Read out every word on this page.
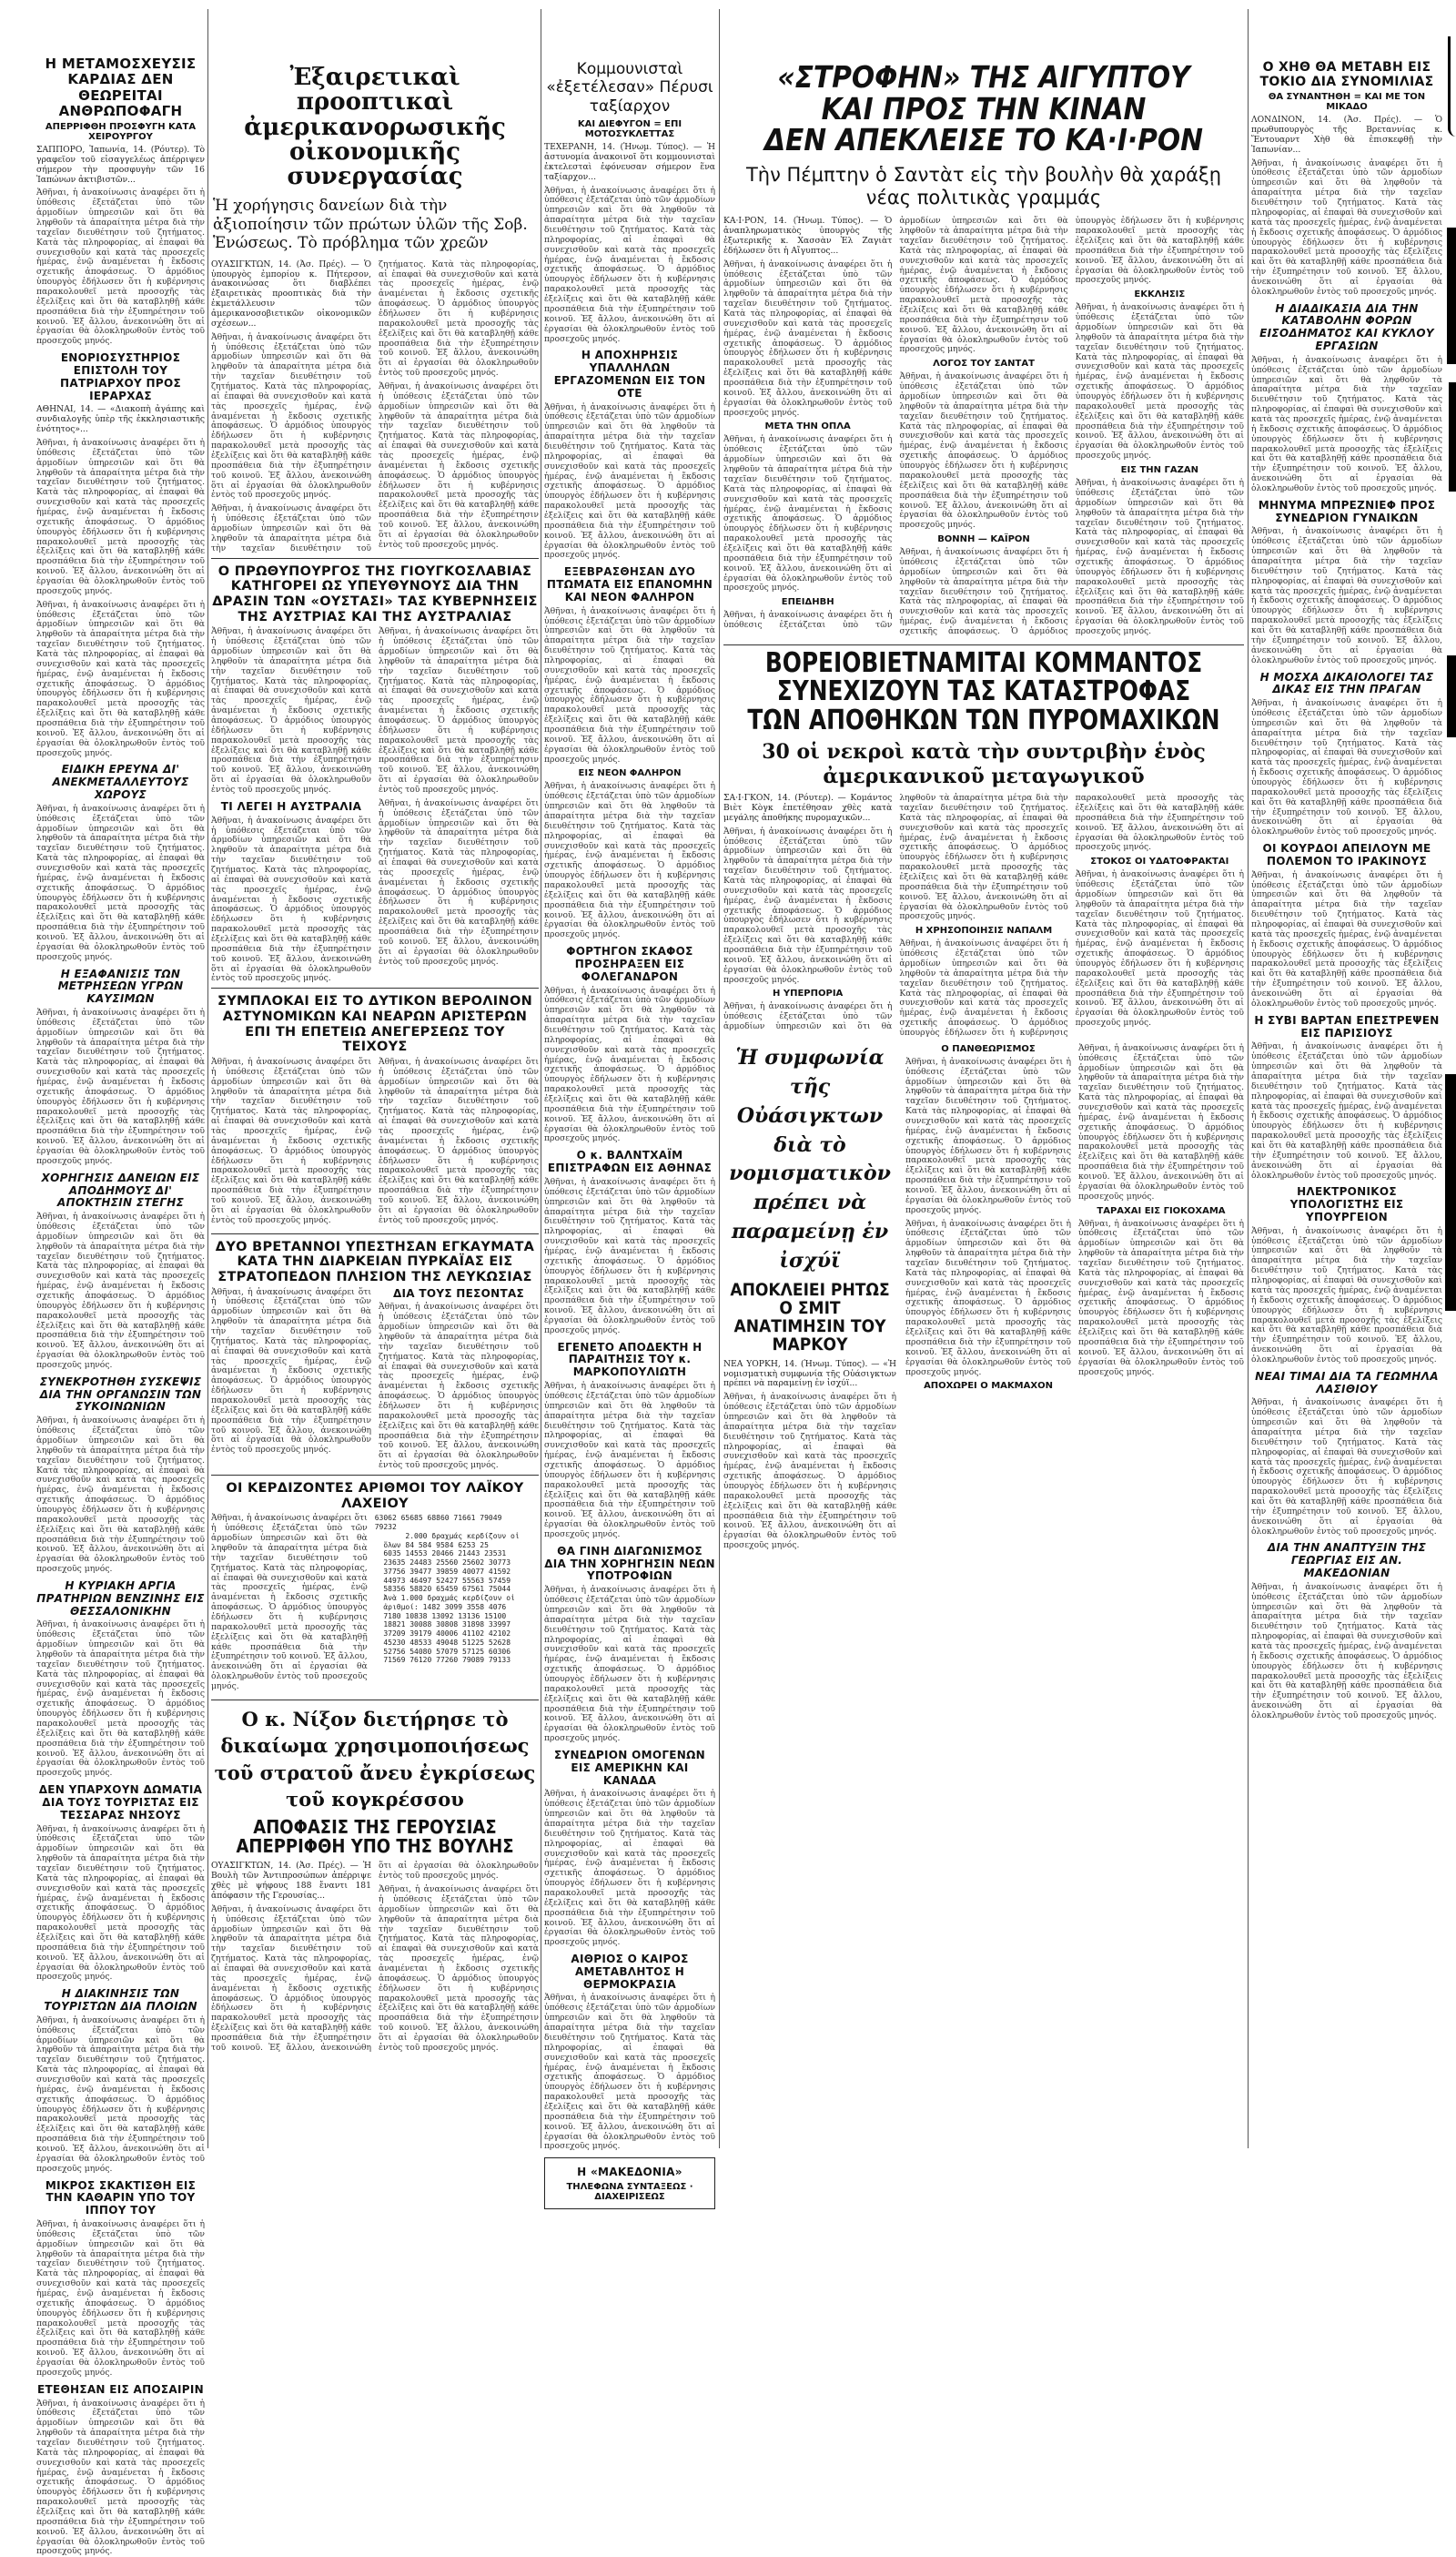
Η ΜΕΤΑΜΟΣΧΕΥΣΙΣ ΚΑΡΔΙΑΣ ΔΕΝ ΘΕΩΡΕΙΤΑΙ ΑΝΘΡΩΠΟΦΑΓΗ
ΑΠΕΡΡΙΦΘΗ ΠΡΟΣΦΥΓΗ ΚΑΤΑ ΧΕΙΡΟΥΡΓΟΥ

ΣΑΠΠΟΡΟ, Ἰαπωνία, 14. (Ρόυτερ). Τὸ γραφεῖον τοῦ εἰσαγγελέως ἀπέρριψεν σήμερον τὴν προσφυγὴν τῶν 16 Ἰαπώνων ἀκτιβιστῶν...

Ἀθῆναι, ἡ ἀνακοίνωσις ἀναφέρει ὅτι ἡ ὑπόθεσις ἐξετάζεται ὑπὸ τῶν ἁρμοδίων ὑπηρεσιῶν καὶ ὅτι θὰ ληφθοῦν τὰ ἀπαραίτητα μέτρα διὰ τὴν ταχεῖαν διευθέτησιν τοῦ ζητήματος. Κατὰ τὰς πληροφορίας, αἱ ἐπαφαὶ θὰ συνεχισθοῦν καὶ κατὰ τὰς προσεχεῖς ἡμέρας, ἐνῷ ἀναμένεται ἡ ἔκδοσις σχετικῆς ἀποφάσεως. Ὁ ἁρμόδιος ὑπουργὸς ἐδήλωσεν ὅτι ἡ κυβέρνησις παρακολουθεῖ μετὰ προσοχῆς τὰς ἐξελίξεις καὶ ὅτι θὰ καταβληθῇ κάθε προσπάθεια διὰ τὴν ἐξυπηρέτησιν τοῦ κοινοῦ. Ἐξ ἄλλου, ἀνεκοινώθη ὅτι αἱ ἐργασίαι θὰ ὁλοκληρωθοῦν ἐντὸς τοῦ προσεχοῦς μηνός.

ΕΝΟΡΙΟΣΥΣΤΗΡΙΟΣ ΕΠΙΣΤΟΛΗ ΤΟΥ ΠΑΤΡΙΑΡΧΟΥ ΠΡΟΣ ΙΕΡΑΡΧΑΣ

ΑΘΗΝΑΙ, 14. — «Διακοπὴ ἀγάπης καὶ συνδιαλογῆς ὑπὲρ τῆς ἐκκλησιαστικῆς ἐνότητος»...

Ἀθῆναι, ἡ ἀνακοίνωσις ἀναφέρει ὅτι ἡ ὑπόθεσις ἐξετάζεται ὑπὸ τῶν ἁρμοδίων ὑπηρεσιῶν καὶ ὅτι θὰ ληφθοῦν τὰ ἀπαραίτητα μέτρα διὰ τὴν ταχεῖαν διευθέτησιν τοῦ ζητήματος. Κατὰ τὰς πληροφορίας, αἱ ἐπαφαὶ θὰ συνεχισθοῦν καὶ κατὰ τὰς προσεχεῖς ἡμέρας, ἐνῷ ἀναμένεται ἡ ἔκδοσις σχετικῆς ἀποφάσεως. Ὁ ἁρμόδιος ὑπουργὸς ἐδήλωσεν ὅτι ἡ κυβέρνησις παρακολουθεῖ μετὰ προσοχῆς τὰς ἐξελίξεις καὶ ὅτι θὰ καταβληθῇ κάθε προσπάθεια διὰ τὴν ἐξυπηρέτησιν τοῦ κοινοῦ. Ἐξ ἄλλου, ἀνεκοινώθη ὅτι αἱ ἐργασίαι θὰ ὁλοκληρωθοῦν ἐντὸς τοῦ προσεχοῦς μηνός.

Ἀθῆναι, ἡ ἀνακοίνωσις ἀναφέρει ὅτι ἡ ὑπόθεσις ἐξετάζεται ὑπὸ τῶν ἁρμοδίων ὑπηρεσιῶν καὶ ὅτι θὰ ληφθοῦν τὰ ἀπαραίτητα μέτρα διὰ τὴν ταχεῖαν διευθέτησιν τοῦ ζητήματος. Κατὰ τὰς πληροφορίας, αἱ ἐπαφαὶ θὰ συνεχισθοῦν καὶ κατὰ τὰς προσεχεῖς ἡμέρας, ἐνῷ ἀναμένεται ἡ ἔκδοσις σχετικῆς ἀποφάσεως. Ὁ ἁρμόδιος ὑπουργὸς ἐδήλωσεν ὅτι ἡ κυβέρνησις παρακολουθεῖ μετὰ προσοχῆς τὰς ἐξελίξεις καὶ ὅτι θὰ καταβληθῇ κάθε προσπάθεια διὰ τὴν ἐξυπηρέτησιν τοῦ κοινοῦ. Ἐξ ἄλλου, ἀνεκοινώθη ὅτι αἱ ἐργασίαι θὰ ὁλοκληρωθοῦν ἐντὸς τοῦ προσεχοῦς μηνός.

ΕΙΔΙΚΗ ΕΡΕΥΝΑ ΔΙ' ΑΝΕΚΜΕΤΑΛΛΕΥΤΟΥΣ ΧΩΡΟΥΣ

Ἀθῆναι, ἡ ἀνακοίνωσις ἀναφέρει ὅτι ἡ ὑπόθεσις ἐξετάζεται ὑπὸ τῶν ἁρμοδίων ὑπηρεσιῶν καὶ ὅτι θὰ ληφθοῦν τὰ ἀπαραίτητα μέτρα διὰ τὴν ταχεῖαν διευθέτησιν τοῦ ζητήματος. Κατὰ τὰς πληροφορίας, αἱ ἐπαφαὶ θὰ συνεχισθοῦν καὶ κατὰ τὰς προσεχεῖς ἡμέρας, ἐνῷ ἀναμένεται ἡ ἔκδοσις σχετικῆς ἀποφάσεως. Ὁ ἁρμόδιος ὑπουργὸς ἐδήλωσεν ὅτι ἡ κυβέρνησις παρακολουθεῖ μετὰ προσοχῆς τὰς ἐξελίξεις καὶ ὅτι θὰ καταβληθῇ κάθε προσπάθεια διὰ τὴν ἐξυπηρέτησιν τοῦ κοινοῦ. Ἐξ ἄλλου, ἀνεκοινώθη ὅτι αἱ ἐργασίαι θὰ ὁλοκληρωθοῦν ἐντὸς τοῦ προσεχοῦς μηνός.

Η ΕΞΑΦΑΝΙΣΙΣ ΤΩΝ ΜΕΤΡΗΣΕΩΝ ΥΓΡΩΝ ΚΑΥΣΙΜΩΝ

Ἀθῆναι, ἡ ἀνακοίνωσις ἀναφέρει ὅτι ἡ ὑπόθεσις ἐξετάζεται ὑπὸ τῶν ἁρμοδίων ὑπηρεσιῶν καὶ ὅτι θὰ ληφθοῦν τὰ ἀπαραίτητα μέτρα διὰ τὴν ταχεῖαν διευθέτησιν τοῦ ζητήματος. Κατὰ τὰς πληροφορίας, αἱ ἐπαφαὶ θὰ συνεχισθοῦν καὶ κατὰ τὰς προσεχεῖς ἡμέρας, ἐνῷ ἀναμένεται ἡ ἔκδοσις σχετικῆς ἀποφάσεως. Ὁ ἁρμόδιος ὑπουργὸς ἐδήλωσεν ὅτι ἡ κυβέρνησις παρακολουθεῖ μετὰ προσοχῆς τὰς ἐξελίξεις καὶ ὅτι θὰ καταβληθῇ κάθε προσπάθεια διὰ τὴν ἐξυπηρέτησιν τοῦ κοινοῦ. Ἐξ ἄλλου, ἀνεκοινώθη ὅτι αἱ ἐργασίαι θὰ ὁλοκληρωθοῦν ἐντὸς τοῦ προσεχοῦς μηνός.

ΧΟΡΗΓΗΣΙΣ ΔΑΝΕΙΩΝ ΕΙΣ ΑΠΟΔΗΜΟΥΣ ΔΙ' ΑΠΟΚΤΗΣΙΝ ΣΤΕΓΗΣ

Ἀθῆναι, ἡ ἀνακοίνωσις ἀναφέρει ὅτι ἡ ὑπόθεσις ἐξετάζεται ὑπὸ τῶν ἁρμοδίων ὑπηρεσιῶν καὶ ὅτι θὰ ληφθοῦν τὰ ἀπαραίτητα μέτρα διὰ τὴν ταχεῖαν διευθέτησιν τοῦ ζητήματος. Κατὰ τὰς πληροφορίας, αἱ ἐπαφαὶ θὰ συνεχισθοῦν καὶ κατὰ τὰς προσεχεῖς ἡμέρας, ἐνῷ ἀναμένεται ἡ ἔκδοσις σχετικῆς ἀποφάσεως. Ὁ ἁρμόδιος ὑπουργὸς ἐδήλωσεν ὅτι ἡ κυβέρνησις παρακολουθεῖ μετὰ προσοχῆς τὰς ἐξελίξεις καὶ ὅτι θὰ καταβληθῇ κάθε προσπάθεια διὰ τὴν ἐξυπηρέτησιν τοῦ κοινοῦ. Ἐξ ἄλλου, ἀνεκοινώθη ὅτι αἱ ἐργασίαι θὰ ὁλοκληρωθοῦν ἐντὸς τοῦ προσεχοῦς μηνός.

ΣΥΝΕΚΡΟΤΗΘΗ ΣΥΣΚΕΨΙΣ ΔΙΑ ΤΗΝ ΟΡΓΑΝΩΣΙΝ ΤΩΝ ΣΥΚΟΙΝΩΝΙΩΝ

Ἀθῆναι, ἡ ἀνακοίνωσις ἀναφέρει ὅτι ἡ ὑπόθεσις ἐξετάζεται ὑπὸ τῶν ἁρμοδίων ὑπηρεσιῶν καὶ ὅτι θὰ ληφθοῦν τὰ ἀπαραίτητα μέτρα διὰ τὴν ταχεῖαν διευθέτησιν τοῦ ζητήματος. Κατὰ τὰς πληροφορίας, αἱ ἐπαφαὶ θὰ συνεχισθοῦν καὶ κατὰ τὰς προσεχεῖς ἡμέρας, ἐνῷ ἀναμένεται ἡ ἔκδοσις σχετικῆς ἀποφάσεως. Ὁ ἁρμόδιος ὑπουργὸς ἐδήλωσεν ὅτι ἡ κυβέρνησις παρακολουθεῖ μετὰ προσοχῆς τὰς ἐξελίξεις καὶ ὅτι θὰ καταβληθῇ κάθε προσπάθεια διὰ τὴν ἐξυπηρέτησιν τοῦ κοινοῦ. Ἐξ ἄλλου, ἀνεκοινώθη ὅτι αἱ ἐργασίαι θὰ ὁλοκληρωθοῦν ἐντὸς τοῦ προσεχοῦς μηνός.

Η ΚΥΡΙΑΚΗ ΑΡΓΙΑ ΠΡΑΤΗΡΙΩΝ ΒΕΝΖΙΝΗΣ ΕΙΣ ΘΕΣΣΑΛΟΝΙΚΗΝ

Ἀθῆναι, ἡ ἀνακοίνωσις ἀναφέρει ὅτι ἡ ὑπόθεσις ἐξετάζεται ὑπὸ τῶν ἁρμοδίων ὑπηρεσιῶν καὶ ὅτι θὰ ληφθοῦν τὰ ἀπαραίτητα μέτρα διὰ τὴν ταχεῖαν διευθέτησιν τοῦ ζητήματος. Κατὰ τὰς πληροφορίας, αἱ ἐπαφαὶ θὰ συνεχισθοῦν καὶ κατὰ τὰς προσεχεῖς ἡμέρας, ἐνῷ ἀναμένεται ἡ ἔκδοσις σχετικῆς ἀποφάσεως. Ὁ ἁρμόδιος ὑπουργὸς ἐδήλωσεν ὅτι ἡ κυβέρνησις παρακολουθεῖ μετὰ προσοχῆς τὰς ἐξελίξεις καὶ ὅτι θὰ καταβληθῇ κάθε προσπάθεια διὰ τὴν ἐξυπηρέτησιν τοῦ κοινοῦ. Ἐξ ἄλλου, ἀνεκοινώθη ὅτι αἱ ἐργασίαι θὰ ὁλοκληρωθοῦν ἐντὸς τοῦ προσεχοῦς μηνός.

ΔΕΝ ΥΠΑΡΧΟΥΝ ΔΩΜΑΤΙΑ ΔΙΑ ΤΟΥΣ ΤΟΥΡΙΣΤΑΣ ΕΙΣ ΤΕΣΣΑΡΑΣ ΝΗΣΟΥΣ

Ἀθῆναι, ἡ ἀνακοίνωσις ἀναφέρει ὅτι ἡ ὑπόθεσις ἐξετάζεται ὑπὸ τῶν ἁρμοδίων ὑπηρεσιῶν καὶ ὅτι θὰ ληφθοῦν τὰ ἀπαραίτητα μέτρα διὰ τὴν ταχεῖαν διευθέτησιν τοῦ ζητήματος. Κατὰ τὰς πληροφορίας, αἱ ἐπαφαὶ θὰ συνεχισθοῦν καὶ κατὰ τὰς προσεχεῖς ἡμέρας, ἐνῷ ἀναμένεται ἡ ἔκδοσις σχετικῆς ἀποφάσεως. Ὁ ἁρμόδιος ὑπουργὸς ἐδήλωσεν ὅτι ἡ κυβέρνησις παρακολουθεῖ μετὰ προσοχῆς τὰς ἐξελίξεις καὶ ὅτι θὰ καταβληθῇ κάθε προσπάθεια διὰ τὴν ἐξυπηρέτησιν τοῦ κοινοῦ. Ἐξ ἄλλου, ἀνεκοινώθη ὅτι αἱ ἐργασίαι θὰ ὁλοκληρωθοῦν ἐντὸς τοῦ προσεχοῦς μηνός.

Η ΔΙΑΚΙΝΗΣΙΣ ΤΩΝ ΤΟΥΡΙΣΤΩΝ ΔΙΑ ΠΛΟΙΩΝ

Ἀθῆναι, ἡ ἀνακοίνωσις ἀναφέρει ὅτι ἡ ὑπόθεσις ἐξετάζεται ὑπὸ τῶν ἁρμοδίων ὑπηρεσιῶν καὶ ὅτι θὰ ληφθοῦν τὰ ἀπαραίτητα μέτρα διὰ τὴν ταχεῖαν διευθέτησιν τοῦ ζητήματος. Κατὰ τὰς πληροφορίας, αἱ ἐπαφαὶ θὰ συνεχισθοῦν καὶ κατὰ τὰς προσεχεῖς ἡμέρας, ἐνῷ ἀναμένεται ἡ ἔκδοσις σχετικῆς ἀποφάσεως. Ὁ ἁρμόδιος ὑπουργὸς ἐδήλωσεν ὅτι ἡ κυβέρνησις παρακολουθεῖ μετὰ προσοχῆς τὰς ἐξελίξεις καὶ ὅτι θὰ καταβληθῇ κάθε προσπάθεια διὰ τὴν ἐξυπηρέτησιν τοῦ κοινοῦ. Ἐξ ἄλλου, ἀνεκοινώθη ὅτι αἱ ἐργασίαι θὰ ὁλοκληρωθοῦν ἐντὸς τοῦ προσεχοῦς μηνός.

ΜΙΚΡΟΣ ΣΚΑΚΤΙΣΘΗ ΕΙΣ ΤΗΝ ΚΑΘΑΡΙΝ ΥΠΟ ΤΟΥ ΙΠΠΟΥ ΤΟΥ

Ἀθῆναι, ἡ ἀνακοίνωσις ἀναφέρει ὅτι ἡ ὑπόθεσις ἐξετάζεται ὑπὸ τῶν ἁρμοδίων ὑπηρεσιῶν καὶ ὅτι θὰ ληφθοῦν τὰ ἀπαραίτητα μέτρα διὰ τὴν ταχεῖαν διευθέτησιν τοῦ ζητήματος. Κατὰ τὰς πληροφορίας, αἱ ἐπαφαὶ θὰ συνεχισθοῦν καὶ κατὰ τὰς προσεχεῖς ἡμέρας, ἐνῷ ἀναμένεται ἡ ἔκδοσις σχετικῆς ἀποφάσεως. Ὁ ἁρμόδιος ὑπουργὸς ἐδήλωσεν ὅτι ἡ κυβέρνησις παρακολουθεῖ μετὰ προσοχῆς τὰς ἐξελίξεις καὶ ὅτι θὰ καταβληθῇ κάθε προσπάθεια διὰ τὴν ἐξυπηρέτησιν τοῦ κοινοῦ. Ἐξ ἄλλου, ἀνεκοινώθη ὅτι αἱ ἐργασίαι θὰ ὁλοκληρωθοῦν ἐντὸς τοῦ προσεχοῦς μηνός.

ΕΤΕΘΗΣΑΝ ΕΙΣ ΑΠΟΣΑΙΡΙΝ

Ἀθῆναι, ἡ ἀνακοίνωσις ἀναφέρει ὅτι ἡ ὑπόθεσις ἐξετάζεται ὑπὸ τῶν ἁρμοδίων ὑπηρεσιῶν καὶ ὅτι θὰ ληφθοῦν τὰ ἀπαραίτητα μέτρα διὰ τὴν ταχεῖαν διευθέτησιν τοῦ ζητήματος. Κατὰ τὰς πληροφορίας, αἱ ἐπαφαὶ θὰ συνεχισθοῦν καὶ κατὰ τὰς προσεχεῖς ἡμέρας, ἐνῷ ἀναμένεται ἡ ἔκδοσις σχετικῆς ἀποφάσεως. Ὁ ἁρμόδιος ὑπουργὸς ἐδήλωσεν ὅτι ἡ κυβέρνησις παρακολουθεῖ μετὰ προσοχῆς τὰς ἐξελίξεις καὶ ὅτι θὰ καταβληθῇ κάθε προσπάθεια διὰ τὴν ἐξυπηρέτησιν τοῦ κοινοῦ. Ἐξ ἄλλου, ἀνεκοινώθη ὅτι αἱ ἐργασίαι θὰ ὁλοκληρωθοῦν ἐντὸς τοῦ προσεχοῦς μηνός.

Ἐξαιρετικαὶ προοπτικαὶ ἀμερικανορωσικῆς οἰκονομικῆς συνεργασίας
Ἡ χορήγησις δανείων διὰ τὴν ἀξιοποίησιν τῶν πρώτων ὑλῶν τῆς Σοβ. Ἑνώσεως. Τὸ πρόβλημα τῶν χρεῶν

ΟΥΑΣΙΓΚΤΩΝ, 14. (Ἀσ. Πρές). — Ὁ ὑπουργὸς ἐμπορίου κ. Πήτερσον, ἀνακοινώσας ὅτι διαβλέπει ἐξαιρετικὰς προοπτικὰς διὰ τὴν ἐκμετάλλευσιν τῶν ἀμερικανοσοβιετικῶν οἰκονομικῶν σχέσεων...

Ἀθῆναι, ἡ ἀνακοίνωσις ἀναφέρει ὅτι ἡ ὑπόθεσις ἐξετάζεται ὑπὸ τῶν ἁρμοδίων ὑπηρεσιῶν καὶ ὅτι θὰ ληφθοῦν τὰ ἀπαραίτητα μέτρα διὰ τὴν ταχεῖαν διευθέτησιν τοῦ ζητήματος. Κατὰ τὰς πληροφορίας, αἱ ἐπαφαὶ θὰ συνεχισθοῦν καὶ κατὰ τὰς προσεχεῖς ἡμέρας, ἐνῷ ἀναμένεται ἡ ἔκδοσις σχετικῆς ἀποφάσεως. Ὁ ἁρμόδιος ὑπουργὸς ἐδήλωσεν ὅτι ἡ κυβέρνησις παρακολουθεῖ μετὰ προσοχῆς τὰς ἐξελίξεις καὶ ὅτι θὰ καταβληθῇ κάθε προσπάθεια διὰ τὴν ἐξυπηρέτησιν τοῦ κοινοῦ. Ἐξ ἄλλου, ἀνεκοινώθη ὅτι αἱ ἐργασίαι θὰ ὁλοκληρωθοῦν ἐντὸς τοῦ προσεχοῦς μηνός.

Ἀθῆναι, ἡ ἀνακοίνωσις ἀναφέρει ὅτι ἡ ὑπόθεσις ἐξετάζεται ὑπὸ τῶν ἁρμοδίων ὑπηρεσιῶν καὶ ὅτι θὰ ληφθοῦν τὰ ἀπαραίτητα μέτρα διὰ τὴν ταχεῖαν διευθέτησιν τοῦ ζητήματος. Κατὰ τὰς πληροφορίας, αἱ ἐπαφαὶ θὰ συνεχισθοῦν καὶ κατὰ τὰς προσεχεῖς ἡμέρας, ἐνῷ ἀναμένεται ἡ ἔκδοσις σχετικῆς ἀποφάσεως. Ὁ ἁρμόδιος ὑπουργὸς ἐδήλωσεν ὅτι ἡ κυβέρνησις παρακολουθεῖ μετὰ προσοχῆς τὰς ἐξελίξεις καὶ ὅτι θὰ καταβληθῇ κάθε προσπάθεια διὰ τὴν ἐξυπηρέτησιν τοῦ κοινοῦ. Ἐξ ἄλλου, ἀνεκοινώθη ὅτι αἱ ἐργασίαι θὰ ὁλοκληρωθοῦν ἐντὸς τοῦ προσεχοῦς μηνός.

Ἀθῆναι, ἡ ἀνακοίνωσις ἀναφέρει ὅτι ἡ ὑπόθεσις ἐξετάζεται ὑπὸ τῶν ἁρμοδίων ὑπηρεσιῶν καὶ ὅτι θὰ ληφθοῦν τὰ ἀπαραίτητα μέτρα διὰ τὴν ταχεῖαν διευθέτησιν τοῦ ζητήματος. Κατὰ τὰς πληροφορίας, αἱ ἐπαφαὶ θὰ συνεχισθοῦν καὶ κατὰ τὰς προσεχεῖς ἡμέρας, ἐνῷ ἀναμένεται ἡ ἔκδοσις σχετικῆς ἀποφάσεως. Ὁ ἁρμόδιος ὑπουργὸς ἐδήλωσεν ὅτι ἡ κυβέρνησις παρακολουθεῖ μετὰ προσοχῆς τὰς ἐξελίξεις καὶ ὅτι θὰ καταβληθῇ κάθε προσπάθεια διὰ τὴν ἐξυπηρέτησιν τοῦ κοινοῦ. Ἐξ ἄλλου, ἀνεκοινώθη ὅτι αἱ ἐργασίαι θὰ ὁλοκληρωθοῦν ἐντὸς τοῦ προσεχοῦς μηνός.

Ο ΠΡΩΘΥΠΟΥΡΓΟΣ ΤΗΣ ΓΙΟΥΓΚΟΣΛΑΒΙΑΣ ΚΑΤΗΓΟΡΕΙ ΩΣ ΥΠΕΥΘΥΝΟΥΣ ΔΙΑ ΤΗΝ ΔΡΑΣΙΝ ΤΩΝ «ΟΥΣΤΑΣΙ» ΤΑΣ ΚΥΒΕΡΝΗΣΕΙΣ ΤΗΣ ΑΥΣΤΡΙΑΣ ΚΑΙ ΤΗΣ ΑΥΣΤΡΑΛΙΑΣ

Ἀθῆναι, ἡ ἀνακοίνωσις ἀναφέρει ὅτι ἡ ὑπόθεσις ἐξετάζεται ὑπὸ τῶν ἁρμοδίων ὑπηρεσιῶν καὶ ὅτι θὰ ληφθοῦν τὰ ἀπαραίτητα μέτρα διὰ τὴν ταχεῖαν διευθέτησιν τοῦ ζητήματος. Κατὰ τὰς πληροφορίας, αἱ ἐπαφαὶ θὰ συνεχισθοῦν καὶ κατὰ τὰς προσεχεῖς ἡμέρας, ἐνῷ ἀναμένεται ἡ ἔκδοσις σχετικῆς ἀποφάσεως. Ὁ ἁρμόδιος ὑπουργὸς ἐδήλωσεν ὅτι ἡ κυβέρνησις παρακολουθεῖ μετὰ προσοχῆς τὰς ἐξελίξεις καὶ ὅτι θὰ καταβληθῇ κάθε προσπάθεια διὰ τὴν ἐξυπηρέτησιν τοῦ κοινοῦ. Ἐξ ἄλλου, ἀνεκοινώθη ὅτι αἱ ἐργασίαι θὰ ὁλοκληρωθοῦν ἐντὸς τοῦ προσεχοῦς μηνός.

ΤΙ ΛΕΓΕΙ Η ΑΥΣΤΡΑΛΙΑ

Ἀθῆναι, ἡ ἀνακοίνωσις ἀναφέρει ὅτι ἡ ὑπόθεσις ἐξετάζεται ὑπὸ τῶν ἁρμοδίων ὑπηρεσιῶν καὶ ὅτι θὰ ληφθοῦν τὰ ἀπαραίτητα μέτρα διὰ τὴν ταχεῖαν διευθέτησιν τοῦ ζητήματος. Κατὰ τὰς πληροφορίας, αἱ ἐπαφαὶ θὰ συνεχισθοῦν καὶ κατὰ τὰς προσεχεῖς ἡμέρας, ἐνῷ ἀναμένεται ἡ ἔκδοσις σχετικῆς ἀποφάσεως. Ὁ ἁρμόδιος ὑπουργὸς ἐδήλωσεν ὅτι ἡ κυβέρνησις παρακολουθεῖ μετὰ προσοχῆς τὰς ἐξελίξεις καὶ ὅτι θὰ καταβληθῇ κάθε προσπάθεια διὰ τὴν ἐξυπηρέτησιν τοῦ κοινοῦ. Ἐξ ἄλλου, ἀνεκοινώθη ὅτι αἱ ἐργασίαι θὰ ὁλοκληρωθοῦν ἐντὸς τοῦ προσεχοῦς μηνός.

Ἀθῆναι, ἡ ἀνακοίνωσις ἀναφέρει ὅτι ἡ ὑπόθεσις ἐξετάζεται ὑπὸ τῶν ἁρμοδίων ὑπηρεσιῶν καὶ ὅτι θὰ ληφθοῦν τὰ ἀπαραίτητα μέτρα διὰ τὴν ταχεῖαν διευθέτησιν τοῦ ζητήματος. Κατὰ τὰς πληροφορίας, αἱ ἐπαφαὶ θὰ συνεχισθοῦν καὶ κατὰ τὰς προσεχεῖς ἡμέρας, ἐνῷ ἀναμένεται ἡ ἔκδοσις σχετικῆς ἀποφάσεως. Ὁ ἁρμόδιος ὑπουργὸς ἐδήλωσεν ὅτι ἡ κυβέρνησις παρακολουθεῖ μετὰ προσοχῆς τὰς ἐξελίξεις καὶ ὅτι θὰ καταβληθῇ κάθε προσπάθεια διὰ τὴν ἐξυπηρέτησιν τοῦ κοινοῦ. Ἐξ ἄλλου, ἀνεκοινώθη ὅτι αἱ ἐργασίαι θὰ ὁλοκληρωθοῦν ἐντὸς τοῦ προσεχοῦς μηνός.

Ἀθῆναι, ἡ ἀνακοίνωσις ἀναφέρει ὅτι ἡ ὑπόθεσις ἐξετάζεται ὑπὸ τῶν ἁρμοδίων ὑπηρεσιῶν καὶ ὅτι θὰ ληφθοῦν τὰ ἀπαραίτητα μέτρα διὰ τὴν ταχεῖαν διευθέτησιν τοῦ ζητήματος. Κατὰ τὰς πληροφορίας, αἱ ἐπαφαὶ θὰ συνεχισθοῦν καὶ κατὰ τὰς προσεχεῖς ἡμέρας, ἐνῷ ἀναμένεται ἡ ἔκδοσις σχετικῆς ἀποφάσεως. Ὁ ἁρμόδιος ὑπουργὸς ἐδήλωσεν ὅτι ἡ κυβέρνησις παρακολουθεῖ μετὰ προσοχῆς τὰς ἐξελίξεις καὶ ὅτι θὰ καταβληθῇ κάθε προσπάθεια διὰ τὴν ἐξυπηρέτησιν τοῦ κοινοῦ. Ἐξ ἄλλου, ἀνεκοινώθη ὅτι αἱ ἐργασίαι θὰ ὁλοκληρωθοῦν ἐντὸς τοῦ προσεχοῦς μηνός.

ΣΥΜΠΛΟΚΑΙ ΕΙΣ ΤΟ ΔΥΤΙΚΟΝ ΒΕΡΟΛΙΝΟΝ ΑΣΤΥΝΟΜΙΚΩΝ ΚΑΙ ΝΕΑΡΩΝ ΑΡΙΣΤΕΡΩΝ ΕΠΙ ΤΗ ΕΠΕΤΕΙΩ ΑΝΕΓΕΡΣΕΩΣ ΤΟΥ ΤΕΙΧΟΥΣ

Ἀθῆναι, ἡ ἀνακοίνωσις ἀναφέρει ὅτι ἡ ὑπόθεσις ἐξετάζεται ὑπὸ τῶν ἁρμοδίων ὑπηρεσιῶν καὶ ὅτι θὰ ληφθοῦν τὰ ἀπαραίτητα μέτρα διὰ τὴν ταχεῖαν διευθέτησιν τοῦ ζητήματος. Κατὰ τὰς πληροφορίας, αἱ ἐπαφαὶ θὰ συνεχισθοῦν καὶ κατὰ τὰς προσεχεῖς ἡμέρας, ἐνῷ ἀναμένεται ἡ ἔκδοσις σχετικῆς ἀποφάσεως. Ὁ ἁρμόδιος ὑπουργὸς ἐδήλωσεν ὅτι ἡ κυβέρνησις παρακολουθεῖ μετὰ προσοχῆς τὰς ἐξελίξεις καὶ ὅτι θὰ καταβληθῇ κάθε προσπάθεια διὰ τὴν ἐξυπηρέτησιν τοῦ κοινοῦ. Ἐξ ἄλλου, ἀνεκοινώθη ὅτι αἱ ἐργασίαι θὰ ὁλοκληρωθοῦν ἐντὸς τοῦ προσεχοῦς μηνός.

Ἀθῆναι, ἡ ἀνακοίνωσις ἀναφέρει ὅτι ἡ ὑπόθεσις ἐξετάζεται ὑπὸ τῶν ἁρμοδίων ὑπηρεσιῶν καὶ ὅτι θὰ ληφθοῦν τὰ ἀπαραίτητα μέτρα διὰ τὴν ταχεῖαν διευθέτησιν τοῦ ζητήματος. Κατὰ τὰς πληροφορίας, αἱ ἐπαφαὶ θὰ συνεχισθοῦν καὶ κατὰ τὰς προσεχεῖς ἡμέρας, ἐνῷ ἀναμένεται ἡ ἔκδοσις σχετικῆς ἀποφάσεως. Ὁ ἁρμόδιος ὑπουργὸς ἐδήλωσεν ὅτι ἡ κυβέρνησις παρακολουθεῖ μετὰ προσοχῆς τὰς ἐξελίξεις καὶ ὅτι θὰ καταβληθῇ κάθε προσπάθεια διὰ τὴν ἐξυπηρέτησιν τοῦ κοινοῦ. Ἐξ ἄλλου, ἀνεκοινώθη ὅτι αἱ ἐργασίαι θὰ ὁλοκληρωθοῦν ἐντὸς τοῦ προσεχοῦς μηνός.

ΔΥΟ ΒΡΕΤΑΝΝΟΙ ΥΠΕΣΤΗΣΑΝ ΕΓΚΑΥΜΑΤΑ ΚΑΤΑ ΤΗΝ ΔΙΑΡΚΕΙΑΝ ΠΥΡΚΑΪΑΣ ΕΙΣ ΣΤΡΑΤΟΠΕΔΟΝ ΠΛΗΣΙΟΝ ΤΗΣ ΛΕΥΚΩΣΙΑΣ

Ἀθῆναι, ἡ ἀνακοίνωσις ἀναφέρει ὅτι ἡ ὑπόθεσις ἐξετάζεται ὑπὸ τῶν ἁρμοδίων ὑπηρεσιῶν καὶ ὅτι θὰ ληφθοῦν τὰ ἀπαραίτητα μέτρα διὰ τὴν ταχεῖαν διευθέτησιν τοῦ ζητήματος. Κατὰ τὰς πληροφορίας, αἱ ἐπαφαὶ θὰ συνεχισθοῦν καὶ κατὰ τὰς προσεχεῖς ἡμέρας, ἐνῷ ἀναμένεται ἡ ἔκδοσις σχετικῆς ἀποφάσεως. Ὁ ἁρμόδιος ὑπουργὸς ἐδήλωσεν ὅτι ἡ κυβέρνησις παρακολουθεῖ μετὰ προσοχῆς τὰς ἐξελίξεις καὶ ὅτι θὰ καταβληθῇ κάθε προσπάθεια διὰ τὴν ἐξυπηρέτησιν τοῦ κοινοῦ. Ἐξ ἄλλου, ἀνεκοινώθη ὅτι αἱ ἐργασίαι θὰ ὁλοκληρωθοῦν ἐντὸς τοῦ προσεχοῦς μηνός.

ΔΙΑ ΤΟΥΣ ΠΕΣΟΝΤΑΣ

Ἀθῆναι, ἡ ἀνακοίνωσις ἀναφέρει ὅτι ἡ ὑπόθεσις ἐξετάζεται ὑπὸ τῶν ἁρμοδίων ὑπηρεσιῶν καὶ ὅτι θὰ ληφθοῦν τὰ ἀπαραίτητα μέτρα διὰ τὴν ταχεῖαν διευθέτησιν τοῦ ζητήματος. Κατὰ τὰς πληροφορίας, αἱ ἐπαφαὶ θὰ συνεχισθοῦν καὶ κατὰ τὰς προσεχεῖς ἡμέρας, ἐνῷ ἀναμένεται ἡ ἔκδοσις σχετικῆς ἀποφάσεως. Ὁ ἁρμόδιος ὑπουργὸς ἐδήλωσεν ὅτι ἡ κυβέρνησις παρακολουθεῖ μετὰ προσοχῆς τὰς ἐξελίξεις καὶ ὅτι θὰ καταβληθῇ κάθε προσπάθεια διὰ τὴν ἐξυπηρέτησιν τοῦ κοινοῦ. Ἐξ ἄλλου, ἀνεκοινώθη ὅτι αἱ ἐργασίαι θὰ ὁλοκληρωθοῦν ἐντὸς τοῦ προσεχοῦς μηνός.

ΟΙ ΚΕΡΔΙΖΟΝΤΕΣ ΑΡΙΘΜΟΙ ΤΟΥ ΛΑΪΚΟΥ ΛΑΧΕΙΟΥ

Ἀθῆναι, ἡ ἀνακοίνωσις ἀναφέρει ὅτι ἡ ὑπόθεσις ἐξετάζεται ὑπὸ τῶν ἁρμοδίων ὑπηρεσιῶν καὶ ὅτι θὰ ληφθοῦν τὰ ἀπαραίτητα μέτρα διὰ τὴν ταχεῖαν διευθέτησιν τοῦ ζητήματος. Κατὰ τὰς πληροφορίας, αἱ ἐπαφαὶ θὰ συνεχισθοῦν καὶ κατὰ τὰς προσεχεῖς ἡμέρας, ἐνῷ ἀναμένεται ἡ ἔκδοσις σχετικῆς ἀποφάσεως. Ὁ ἁρμόδιος ὑπουργὸς ἐδήλωσεν ὅτι ἡ κυβέρνησις παρακολουθεῖ μετὰ προσοχῆς τὰς ἐξελίξεις καὶ ὅτι θὰ καταβληθῇ κάθε προσπάθεια διὰ τὴν ἐξυπηρέτησιν τοῦ κοινοῦ. Ἐξ ἄλλου, ἀνεκοινώθη ὅτι αἱ ἐργασίαι θὰ ὁλοκληρωθοῦν ἐντὸς τοῦ προσεχοῦς μηνός.

63062 65685 68860 71661 79049
79232
2.000 δραχμάς κερδίζουν οἱ
ὅλων 84 584 9584 6253 25
6035 14553 20466 21443 23531
23635 24483 25560 25602 30773
37756 39477 39859 40077 41592
44973 46497 52427 55563 57459
58356 58820 65459 67561 75044
Ἀνὰ 1.000 δραχμάς κερδίζουν οἱ
ἀριθμοί: 1482 3099 3558 4076
7180 10838 13092 13136 15100
18821 30088 30808 31898 33997
37209 39179 40006 41102 42102
45230 48533 49048 51225 52628
52756 54080 57079 57125 60306
71569 76120 77260 79089 79133
Ο κ. Νίξον διετήρησε τὸ δικαίωμα χρησιμοποιήσεως τοῦ στρατοῦ ἄνευ ἐγκρίσεως τοῦ κογκρέσσου
ΑΠΟΦΑΣΙΣ ΤΗΣ ΓΕΡΟΥΣΙΑΣ ΑΠΕΡΡΙΦΘΗ ΥΠΟ ΤΗΣ ΒΟΥΛΗΣ

ΟΥΑΣΙΓΚΤΩΝ, 14. (Ἀσ. Πρές). — Ἡ Βουλὴ τῶν Ἀντιπροσώπων ἀπέρριψε χθὲς μὲ ψήφους 188 ἔναντι 181 ἀπόφασιν τῆς Γερουσίας...

Ἀθῆναι, ἡ ἀνακοίνωσις ἀναφέρει ὅτι ἡ ὑπόθεσις ἐξετάζεται ὑπὸ τῶν ἁρμοδίων ὑπηρεσιῶν καὶ ὅτι θὰ ληφθοῦν τὰ ἀπαραίτητα μέτρα διὰ τὴν ταχεῖαν διευθέτησιν τοῦ ζητήματος. Κατὰ τὰς πληροφορίας, αἱ ἐπαφαὶ θὰ συνεχισθοῦν καὶ κατὰ τὰς προσεχεῖς ἡμέρας, ἐνῷ ἀναμένεται ἡ ἔκδοσις σχετικῆς ἀποφάσεως. Ὁ ἁρμόδιος ὑπουργὸς ἐδήλωσεν ὅτι ἡ κυβέρνησις παρακολουθεῖ μετὰ προσοχῆς τὰς ἐξελίξεις καὶ ὅτι θὰ καταβληθῇ κάθε προσπάθεια διὰ τὴν ἐξυπηρέτησιν τοῦ κοινοῦ. Ἐξ ἄλλου, ἀνεκοινώθη ὅτι αἱ ἐργασίαι θὰ ὁλοκληρωθοῦν ἐντὸς τοῦ προσεχοῦς μηνός.

Ἀθῆναι, ἡ ἀνακοίνωσις ἀναφέρει ὅτι ἡ ὑπόθεσις ἐξετάζεται ὑπὸ τῶν ἁρμοδίων ὑπηρεσιῶν καὶ ὅτι θὰ ληφθοῦν τὰ ἀπαραίτητα μέτρα διὰ τὴν ταχεῖαν διευθέτησιν τοῦ ζητήματος. Κατὰ τὰς πληροφορίας, αἱ ἐπαφαὶ θὰ συνεχισθοῦν καὶ κατὰ τὰς προσεχεῖς ἡμέρας, ἐνῷ ἀναμένεται ἡ ἔκδοσις σχετικῆς ἀποφάσεως. Ὁ ἁρμόδιος ὑπουργὸς ἐδήλωσεν ὅτι ἡ κυβέρνησις παρακολουθεῖ μετὰ προσοχῆς τὰς ἐξελίξεις καὶ ὅτι θὰ καταβληθῇ κάθε προσπάθεια διὰ τὴν ἐξυπηρέτησιν τοῦ κοινοῦ. Ἐξ ἄλλου, ἀνεκοινώθη ὅτι αἱ ἐργασίαι θὰ ὁλοκληρωθοῦν ἐντὸς τοῦ προσεχοῦς μηνός.

Κομμουνισταὶ «ἐξετέλεσαν» Πέρυσι ταξίαρχον
ΚΑΙ ΔΙΕΦΥΓΟΝ = ΕΠΙ ΜΟΤΟΣΥΚΛΕΤΤΑΣ

ΤΕΧΕΡΑΝΗ, 14. (Ἡνωμ. Τύπος). — Ἡ ἀστυνομία ἀνακοινοῖ ὅτι κομμουνισταὶ ἐκτελεσταὶ ἐφόνευσαν σήμερον ἕνα ταξίαρχον...

Ἀθῆναι, ἡ ἀνακοίνωσις ἀναφέρει ὅτι ἡ ὑπόθεσις ἐξετάζεται ὑπὸ τῶν ἁρμοδίων ὑπηρεσιῶν καὶ ὅτι θὰ ληφθοῦν τὰ ἀπαραίτητα μέτρα διὰ τὴν ταχεῖαν διευθέτησιν τοῦ ζητήματος. Κατὰ τὰς πληροφορίας, αἱ ἐπαφαὶ θὰ συνεχισθοῦν καὶ κατὰ τὰς προσεχεῖς ἡμέρας, ἐνῷ ἀναμένεται ἡ ἔκδοσις σχετικῆς ἀποφάσεως. Ὁ ἁρμόδιος ὑπουργὸς ἐδήλωσεν ὅτι ἡ κυβέρνησις παρακολουθεῖ μετὰ προσοχῆς τὰς ἐξελίξεις καὶ ὅτι θὰ καταβληθῇ κάθε προσπάθεια διὰ τὴν ἐξυπηρέτησιν τοῦ κοινοῦ. Ἐξ ἄλλου, ἀνεκοινώθη ὅτι αἱ ἐργασίαι θὰ ὁλοκληρωθοῦν ἐντὸς τοῦ προσεχοῦς μηνός.

Η ΑΠΟΧΗΡΗΣΙΣ ΥΠΑΛΛΗΛΩΝ ΕΡΓΑΖΟΜΕΝΩΝ ΕΙΣ ΤΟΝ ΟΤΕ

Ἀθῆναι, ἡ ἀνακοίνωσις ἀναφέρει ὅτι ἡ ὑπόθεσις ἐξετάζεται ὑπὸ τῶν ἁρμοδίων ὑπηρεσιῶν καὶ ὅτι θὰ ληφθοῦν τὰ ἀπαραίτητα μέτρα διὰ τὴν ταχεῖαν διευθέτησιν τοῦ ζητήματος. Κατὰ τὰς πληροφορίας, αἱ ἐπαφαὶ θὰ συνεχισθοῦν καὶ κατὰ τὰς προσεχεῖς ἡμέρας, ἐνῷ ἀναμένεται ἡ ἔκδοσις σχετικῆς ἀποφάσεως. Ὁ ἁρμόδιος ὑπουργὸς ἐδήλωσεν ὅτι ἡ κυβέρνησις παρακολουθεῖ μετὰ προσοχῆς τὰς ἐξελίξεις καὶ ὅτι θὰ καταβληθῇ κάθε προσπάθεια διὰ τὴν ἐξυπηρέτησιν τοῦ κοινοῦ. Ἐξ ἄλλου, ἀνεκοινώθη ὅτι αἱ ἐργασίαι θὰ ὁλοκληρωθοῦν ἐντὸς τοῦ προσεχοῦς μηνός.

ΕΞΕΒΡΑΣΘΗΣΑΝ ΔΥΟ ΠΤΩΜΑΤΑ ΕΙΣ ΕΠΑΝΟΜΗΝ ΚΑΙ ΝΕΟΝ ΦΑΛΗΡΟΝ

Ἀθῆναι, ἡ ἀνακοίνωσις ἀναφέρει ὅτι ἡ ὑπόθεσις ἐξετάζεται ὑπὸ τῶν ἁρμοδίων ὑπηρεσιῶν καὶ ὅτι θὰ ληφθοῦν τὰ ἀπαραίτητα μέτρα διὰ τὴν ταχεῖαν διευθέτησιν τοῦ ζητήματος. Κατὰ τὰς πληροφορίας, αἱ ἐπαφαὶ θὰ συνεχισθοῦν καὶ κατὰ τὰς προσεχεῖς ἡμέρας, ἐνῷ ἀναμένεται ἡ ἔκδοσις σχετικῆς ἀποφάσεως. Ὁ ἁρμόδιος ὑπουργὸς ἐδήλωσεν ὅτι ἡ κυβέρνησις παρακολουθεῖ μετὰ προσοχῆς τὰς ἐξελίξεις καὶ ὅτι θὰ καταβληθῇ κάθε προσπάθεια διὰ τὴν ἐξυπηρέτησιν τοῦ κοινοῦ. Ἐξ ἄλλου, ἀνεκοινώθη ὅτι αἱ ἐργασίαι θὰ ὁλοκληρωθοῦν ἐντὸς τοῦ προσεχοῦς μηνός.

ΕΙΣ ΝΕΟΝ ΦΑΛΗΡΟΝ

Ἀθῆναι, ἡ ἀνακοίνωσις ἀναφέρει ὅτι ἡ ὑπόθεσις ἐξετάζεται ὑπὸ τῶν ἁρμοδίων ὑπηρεσιῶν καὶ ὅτι θὰ ληφθοῦν τὰ ἀπαραίτητα μέτρα διὰ τὴν ταχεῖαν διευθέτησιν τοῦ ζητήματος. Κατὰ τὰς πληροφορίας, αἱ ἐπαφαὶ θὰ συνεχισθοῦν καὶ κατὰ τὰς προσεχεῖς ἡμέρας, ἐνῷ ἀναμένεται ἡ ἔκδοσις σχετικῆς ἀποφάσεως. Ὁ ἁρμόδιος ὑπουργὸς ἐδήλωσεν ὅτι ἡ κυβέρνησις παρακολουθεῖ μετὰ προσοχῆς τὰς ἐξελίξεις καὶ ὅτι θὰ καταβληθῇ κάθε προσπάθεια διὰ τὴν ἐξυπηρέτησιν τοῦ κοινοῦ. Ἐξ ἄλλου, ἀνεκοινώθη ὅτι αἱ ἐργασίαι θὰ ὁλοκληρωθοῦν ἐντὸς τοῦ προσεχοῦς μηνός.

ΦΟΡΤΗΓΟΝ ΣΚΑΦΟΣ ΠΡΟΣΗΡΑΞΕΝ ΕΙΣ ΦΟΛΕΓΑΝΔΡΟΝ

Ἀθῆναι, ἡ ἀνακοίνωσις ἀναφέρει ὅτι ἡ ὑπόθεσις ἐξετάζεται ὑπὸ τῶν ἁρμοδίων ὑπηρεσιῶν καὶ ὅτι θὰ ληφθοῦν τὰ ἀπαραίτητα μέτρα διὰ τὴν ταχεῖαν διευθέτησιν τοῦ ζητήματος. Κατὰ τὰς πληροφορίας, αἱ ἐπαφαὶ θὰ συνεχισθοῦν καὶ κατὰ τὰς προσεχεῖς ἡμέρας, ἐνῷ ἀναμένεται ἡ ἔκδοσις σχετικῆς ἀποφάσεως. Ὁ ἁρμόδιος ὑπουργὸς ἐδήλωσεν ὅτι ἡ κυβέρνησις παρακολουθεῖ μετὰ προσοχῆς τὰς ἐξελίξεις καὶ ὅτι θὰ καταβληθῇ κάθε προσπάθεια διὰ τὴν ἐξυπηρέτησιν τοῦ κοινοῦ. Ἐξ ἄλλου, ἀνεκοινώθη ὅτι αἱ ἐργασίαι θὰ ὁλοκληρωθοῦν ἐντὸς τοῦ προσεχοῦς μηνός.

Ο κ. ΒΑΛΝΤΧΑΪΜ ΕΠΙΣΤΡΑΦΩΝ ΕΙΣ ΑΘΗΝΑΣ

Ἀθῆναι, ἡ ἀνακοίνωσις ἀναφέρει ὅτι ἡ ὑπόθεσις ἐξετάζεται ὑπὸ τῶν ἁρμοδίων ὑπηρεσιῶν καὶ ὅτι θὰ ληφθοῦν τὰ ἀπαραίτητα μέτρα διὰ τὴν ταχεῖαν διευθέτησιν τοῦ ζητήματος. Κατὰ τὰς πληροφορίας, αἱ ἐπαφαὶ θὰ συνεχισθοῦν καὶ κατὰ τὰς προσεχεῖς ἡμέρας, ἐνῷ ἀναμένεται ἡ ἔκδοσις σχετικῆς ἀποφάσεως. Ὁ ἁρμόδιος ὑπουργὸς ἐδήλωσεν ὅτι ἡ κυβέρνησις παρακολουθεῖ μετὰ προσοχῆς τὰς ἐξελίξεις καὶ ὅτι θὰ καταβληθῇ κάθε προσπάθεια διὰ τὴν ἐξυπηρέτησιν τοῦ κοινοῦ. Ἐξ ἄλλου, ἀνεκοινώθη ὅτι αἱ ἐργασίαι θὰ ὁλοκληρωθοῦν ἐντὸς τοῦ προσεχοῦς μηνός.

ΕΓΕΝΕΤΟ ΑΠΟΔΕΚΤΗ Η ΠΑΡΑΙΤΗΣΙΣ ΤΟΥ κ. ΜΑΡΚΟΠΟΥΛΙΩΤΗ

Ἀθῆναι, ἡ ἀνακοίνωσις ἀναφέρει ὅτι ἡ ὑπόθεσις ἐξετάζεται ὑπὸ τῶν ἁρμοδίων ὑπηρεσιῶν καὶ ὅτι θὰ ληφθοῦν τὰ ἀπαραίτητα μέτρα διὰ τὴν ταχεῖαν διευθέτησιν τοῦ ζητήματος. Κατὰ τὰς πληροφορίας, αἱ ἐπαφαὶ θὰ συνεχισθοῦν καὶ κατὰ τὰς προσεχεῖς ἡμέρας, ἐνῷ ἀναμένεται ἡ ἔκδοσις σχετικῆς ἀποφάσεως. Ὁ ἁρμόδιος ὑπουργὸς ἐδήλωσεν ὅτι ἡ κυβέρνησις παρακολουθεῖ μετὰ προσοχῆς τὰς ἐξελίξεις καὶ ὅτι θὰ καταβληθῇ κάθε προσπάθεια διὰ τὴν ἐξυπηρέτησιν τοῦ κοινοῦ. Ἐξ ἄλλου, ἀνεκοινώθη ὅτι αἱ ἐργασίαι θὰ ὁλοκληρωθοῦν ἐντὸς τοῦ προσεχοῦς μηνός.

ΘΑ ΓΙΝΗ ΔΙΑΓΩΝΙΣΜΟΣ ΔΙΑ ΤΗΝ ΧΟΡΗΓΗΣΙΝ ΝΕΩΝ ΥΠΟΤΡΟΦΙΩΝ

Ἀθῆναι, ἡ ἀνακοίνωσις ἀναφέρει ὅτι ἡ ὑπόθεσις ἐξετάζεται ὑπὸ τῶν ἁρμοδίων ὑπηρεσιῶν καὶ ὅτι θὰ ληφθοῦν τὰ ἀπαραίτητα μέτρα διὰ τὴν ταχεῖαν διευθέτησιν τοῦ ζητήματος. Κατὰ τὰς πληροφορίας, αἱ ἐπαφαὶ θὰ συνεχισθοῦν καὶ κατὰ τὰς προσεχεῖς ἡμέρας, ἐνῷ ἀναμένεται ἡ ἔκδοσις σχετικῆς ἀποφάσεως. Ὁ ἁρμόδιος ὑπουργὸς ἐδήλωσεν ὅτι ἡ κυβέρνησις παρακολουθεῖ μετὰ προσοχῆς τὰς ἐξελίξεις καὶ ὅτι θὰ καταβληθῇ κάθε προσπάθεια διὰ τὴν ἐξυπηρέτησιν τοῦ κοινοῦ. Ἐξ ἄλλου, ἀνεκοινώθη ὅτι αἱ ἐργασίαι θὰ ὁλοκληρωθοῦν ἐντὸς τοῦ προσεχοῦς μηνός.

ΣΥΝΕΔΡΙΟΝ ΟΜΟΓΕΝΩΝ ΕΙΣ ΑΜΕΡΙΚΗΝ ΚΑΙ ΚΑΝΑΔΑ

Ἀθῆναι, ἡ ἀνακοίνωσις ἀναφέρει ὅτι ἡ ὑπόθεσις ἐξετάζεται ὑπὸ τῶν ἁρμοδίων ὑπηρεσιῶν καὶ ὅτι θὰ ληφθοῦν τὰ ἀπαραίτητα μέτρα διὰ τὴν ταχεῖαν διευθέτησιν τοῦ ζητήματος. Κατὰ τὰς πληροφορίας, αἱ ἐπαφαὶ θὰ συνεχισθοῦν καὶ κατὰ τὰς προσεχεῖς ἡμέρας, ἐνῷ ἀναμένεται ἡ ἔκδοσις σχετικῆς ἀποφάσεως. Ὁ ἁρμόδιος ὑπουργὸς ἐδήλωσεν ὅτι ἡ κυβέρνησις παρακολουθεῖ μετὰ προσοχῆς τὰς ἐξελίξεις καὶ ὅτι θὰ καταβληθῇ κάθε προσπάθεια διὰ τὴν ἐξυπηρέτησιν τοῦ κοινοῦ. Ἐξ ἄλλου, ἀνεκοινώθη ὅτι αἱ ἐργασίαι θὰ ὁλοκληρωθοῦν ἐντὸς τοῦ προσεχοῦς μηνός.

ΑΙΘΡΙΟΣ Ο ΚΑΙΡΟΣ ΑΜΕΤΑΒΛΗΤΟΣ Η ΘΕΡΜΟΚΡΑΣΙΑ

Ἀθῆναι, ἡ ἀνακοίνωσις ἀναφέρει ὅτι ἡ ὑπόθεσις ἐξετάζεται ὑπὸ τῶν ἁρμοδίων ὑπηρεσιῶν καὶ ὅτι θὰ ληφθοῦν τὰ ἀπαραίτητα μέτρα διὰ τὴν ταχεῖαν διευθέτησιν τοῦ ζητήματος. Κατὰ τὰς πληροφορίας, αἱ ἐπαφαὶ θὰ συνεχισθοῦν καὶ κατὰ τὰς προσεχεῖς ἡμέρας, ἐνῷ ἀναμένεται ἡ ἔκδοσις σχετικῆς ἀποφάσεως. Ὁ ἁρμόδιος ὑπουργὸς ἐδήλωσεν ὅτι ἡ κυβέρνησις παρακολουθεῖ μετὰ προσοχῆς τὰς ἐξελίξεις καὶ ὅτι θὰ καταβληθῇ κάθε προσπάθεια διὰ τὴν ἐξυπηρέτησιν τοῦ κοινοῦ. Ἐξ ἄλλου, ἀνεκοινώθη ὅτι αἱ ἐργασίαι θὰ ὁλοκληρωθοῦν ἐντὸς τοῦ προσεχοῦς μηνός.

Η «ΜΑΚΕΔΟΝΙΑ»
ΤΗΛΕΦΩΝΑ ΣΥΝΤΑΞΕΩΣ · ΔΙΑΧΕΙΡΙΣΕΩΣ
«ΣΤΡΟΦΗΝ» ΤΗΣ ΑΙΓΥΠΤΟΥ
ΚΑΙ ΠΡΟΣ ΤΗΝ ΚΙΝΑΝ
ΔΕΝ ΑΠΕΚΛΕΙΣΕ ΤΟ ΚΑ·Ι·ΡΟΝ
Τὴν Πέμπτην ὁ Σαντὰτ εἰς τὴν βουλὴν θὰ χαράξῃ νέας πολιτικὰς γραμμάς

ΚΑ·Ι·ΡΟΝ, 14. (Ἡνωμ. Τύπος). — Ὁ ἀναπληρωματικὸς ὑπουργὸς τῆς ἐξωτερικῆς κ. Χασσὰν Ἐλ Ζαγιὰτ ἐδήλωσεν ὅτι ἡ Αἴγυπτος...

Ἀθῆναι, ἡ ἀνακοίνωσις ἀναφέρει ὅτι ἡ ὑπόθεσις ἐξετάζεται ὑπὸ τῶν ἁρμοδίων ὑπηρεσιῶν καὶ ὅτι θὰ ληφθοῦν τὰ ἀπαραίτητα μέτρα διὰ τὴν ταχεῖαν διευθέτησιν τοῦ ζητήματος. Κατὰ τὰς πληροφορίας, αἱ ἐπαφαὶ θὰ συνεχισθοῦν καὶ κατὰ τὰς προσεχεῖς ἡμέρας, ἐνῷ ἀναμένεται ἡ ἔκδοσις σχετικῆς ἀποφάσεως. Ὁ ἁρμόδιος ὑπουργὸς ἐδήλωσεν ὅτι ἡ κυβέρνησις παρακολουθεῖ μετὰ προσοχῆς τὰς ἐξελίξεις καὶ ὅτι θὰ καταβληθῇ κάθε προσπάθεια διὰ τὴν ἐξυπηρέτησιν τοῦ κοινοῦ. Ἐξ ἄλλου, ἀνεκοινώθη ὅτι αἱ ἐργασίαι θὰ ὁλοκληρωθοῦν ἐντὸς τοῦ προσεχοῦς μηνός.

ΜΕΤΑ ΤΗΝ ΟΠΛΑ

Ἀθῆναι, ἡ ἀνακοίνωσις ἀναφέρει ὅτι ἡ ὑπόθεσις ἐξετάζεται ὑπὸ τῶν ἁρμοδίων ὑπηρεσιῶν καὶ ὅτι θὰ ληφθοῦν τὰ ἀπαραίτητα μέτρα διὰ τὴν ταχεῖαν διευθέτησιν τοῦ ζητήματος. Κατὰ τὰς πληροφορίας, αἱ ἐπαφαὶ θὰ συνεχισθοῦν καὶ κατὰ τὰς προσεχεῖς ἡμέρας, ἐνῷ ἀναμένεται ἡ ἔκδοσις σχετικῆς ἀποφάσεως. Ὁ ἁρμόδιος ὑπουργὸς ἐδήλωσεν ὅτι ἡ κυβέρνησις παρακολουθεῖ μετὰ προσοχῆς τὰς ἐξελίξεις καὶ ὅτι θὰ καταβληθῇ κάθε προσπάθεια διὰ τὴν ἐξυπηρέτησιν τοῦ κοινοῦ. Ἐξ ἄλλου, ἀνεκοινώθη ὅτι αἱ ἐργασίαι θὰ ὁλοκληρωθοῦν ἐντὸς τοῦ προσεχοῦς μηνός.

ΕΠΕΙΔΗΒΗ

Ἀθῆναι, ἡ ἀνακοίνωσις ἀναφέρει ὅτι ἡ ὑπόθεσις ἐξετάζεται ὑπὸ τῶν ἁρμοδίων ὑπηρεσιῶν καὶ ὅτι θὰ ληφθοῦν τὰ ἀπαραίτητα μέτρα διὰ τὴν ταχεῖαν διευθέτησιν τοῦ ζητήματος. Κατὰ τὰς πληροφορίας, αἱ ἐπαφαὶ θὰ συνεχισθοῦν καὶ κατὰ τὰς προσεχεῖς ἡμέρας, ἐνῷ ἀναμένεται ἡ ἔκδοσις σχετικῆς ἀποφάσεως. Ὁ ἁρμόδιος ὑπουργὸς ἐδήλωσεν ὅτι ἡ κυβέρνησις παρακολουθεῖ μετὰ προσοχῆς τὰς ἐξελίξεις καὶ ὅτι θὰ καταβληθῇ κάθε προσπάθεια διὰ τὴν ἐξυπηρέτησιν τοῦ κοινοῦ. Ἐξ ἄλλου, ἀνεκοινώθη ὅτι αἱ ἐργασίαι θὰ ὁλοκληρωθοῦν ἐντὸς τοῦ προσεχοῦς μηνός.

ΛΟΓΟΣ ΤΟΥ ΣΑΝΤΑΤ

Ἀθῆναι, ἡ ἀνακοίνωσις ἀναφέρει ὅτι ἡ ὑπόθεσις ἐξετάζεται ὑπὸ τῶν ἁρμοδίων ὑπηρεσιῶν καὶ ὅτι θὰ ληφθοῦν τὰ ἀπαραίτητα μέτρα διὰ τὴν ταχεῖαν διευθέτησιν τοῦ ζητήματος. Κατὰ τὰς πληροφορίας, αἱ ἐπαφαὶ θὰ συνεχισθοῦν καὶ κατὰ τὰς προσεχεῖς ἡμέρας, ἐνῷ ἀναμένεται ἡ ἔκδοσις σχετικῆς ἀποφάσεως. Ὁ ἁρμόδιος ὑπουργὸς ἐδήλωσεν ὅτι ἡ κυβέρνησις παρακολουθεῖ μετὰ προσοχῆς τὰς ἐξελίξεις καὶ ὅτι θὰ καταβληθῇ κάθε προσπάθεια διὰ τὴν ἐξυπηρέτησιν τοῦ κοινοῦ. Ἐξ ἄλλου, ἀνεκοινώθη ὅτι αἱ ἐργασίαι θὰ ὁλοκληρωθοῦν ἐντὸς τοῦ προσεχοῦς μηνός.

ΒΟΝΝΗ — ΚΑΪΡΟΝ

Ἀθῆναι, ἡ ἀνακοίνωσις ἀναφέρει ὅτι ἡ ὑπόθεσις ἐξετάζεται ὑπὸ τῶν ἁρμοδίων ὑπηρεσιῶν καὶ ὅτι θὰ ληφθοῦν τὰ ἀπαραίτητα μέτρα διὰ τὴν ταχεῖαν διευθέτησιν τοῦ ζητήματος. Κατὰ τὰς πληροφορίας, αἱ ἐπαφαὶ θὰ συνεχισθοῦν καὶ κατὰ τὰς προσεχεῖς ἡμέρας, ἐνῷ ἀναμένεται ἡ ἔκδοσις σχετικῆς ἀποφάσεως. Ὁ ἁρμόδιος ὑπουργὸς ἐδήλωσεν ὅτι ἡ κυβέρνησις παρακολουθεῖ μετὰ προσοχῆς τὰς ἐξελίξεις καὶ ὅτι θὰ καταβληθῇ κάθε προσπάθεια διὰ τὴν ἐξυπηρέτησιν τοῦ κοινοῦ. Ἐξ ἄλλου, ἀνεκοινώθη ὅτι αἱ ἐργασίαι θὰ ὁλοκληρωθοῦν ἐντὸς τοῦ προσεχοῦς μηνός.

ΕΚΚΛΗΣΙΣ

Ἀθῆναι, ἡ ἀνακοίνωσις ἀναφέρει ὅτι ἡ ὑπόθεσις ἐξετάζεται ὑπὸ τῶν ἁρμοδίων ὑπηρεσιῶν καὶ ὅτι θὰ ληφθοῦν τὰ ἀπαραίτητα μέτρα διὰ τὴν ταχεῖαν διευθέτησιν τοῦ ζητήματος. Κατὰ τὰς πληροφορίας, αἱ ἐπαφαὶ θὰ συνεχισθοῦν καὶ κατὰ τὰς προσεχεῖς ἡμέρας, ἐνῷ ἀναμένεται ἡ ἔκδοσις σχετικῆς ἀποφάσεως. Ὁ ἁρμόδιος ὑπουργὸς ἐδήλωσεν ὅτι ἡ κυβέρνησις παρακολουθεῖ μετὰ προσοχῆς τὰς ἐξελίξεις καὶ ὅτι θὰ καταβληθῇ κάθε προσπάθεια διὰ τὴν ἐξυπηρέτησιν τοῦ κοινοῦ. Ἐξ ἄλλου, ἀνεκοινώθη ὅτι αἱ ἐργασίαι θὰ ὁλοκληρωθοῦν ἐντὸς τοῦ προσεχοῦς μηνός.

ΕΙΣ ΤΗΝ ΓΑΖΑΝ

Ἀθῆναι, ἡ ἀνακοίνωσις ἀναφέρει ὅτι ἡ ὑπόθεσις ἐξετάζεται ὑπὸ τῶν ἁρμοδίων ὑπηρεσιῶν καὶ ὅτι θὰ ληφθοῦν τὰ ἀπαραίτητα μέτρα διὰ τὴν ταχεῖαν διευθέτησιν τοῦ ζητήματος. Κατὰ τὰς πληροφορίας, αἱ ἐπαφαὶ θὰ συνεχισθοῦν καὶ κατὰ τὰς προσεχεῖς ἡμέρας, ἐνῷ ἀναμένεται ἡ ἔκδοσις σχετικῆς ἀποφάσεως. Ὁ ἁρμόδιος ὑπουργὸς ἐδήλωσεν ὅτι ἡ κυβέρνησις παρακολουθεῖ μετὰ προσοχῆς τὰς ἐξελίξεις καὶ ὅτι θὰ καταβληθῇ κάθε προσπάθεια διὰ τὴν ἐξυπηρέτησιν τοῦ κοινοῦ. Ἐξ ἄλλου, ἀνεκοινώθη ὅτι αἱ ἐργασίαι θὰ ὁλοκληρωθοῦν ἐντὸς τοῦ προσεχοῦς μηνός.

ΒΟΡΕΙΟΒΙΕΤΝΑΜΙΤΑΙ ΚΟΜΜΑΝΤΟΣ
ΣΥΝΕΧΙΖΟΥΝ ΤΑΣ ΚΑΤΑΣΤΡΟΦΑΣ
ΤΩΝ ΑΠΟΘΗΚΩΝ ΤΩΝ ΠΥΡΟΜΑΧΙΚΩΝ
30 οἱ νεκροὶ κατὰ τὴν συντριβὴν ἑνὸς ἀμερικανικοῦ μεταγωγικοῦ

ΣΑ·Ι·ΓΚΟΝ, 14. (Ρόυτερ). — Κομάντος Βιὲτ Κὸγκ ἐπετέθησαν χθὲς κατὰ μεγάλης ἀποθήκης πυρομαχικῶν...

Ἀθῆναι, ἡ ἀνακοίνωσις ἀναφέρει ὅτι ἡ ὑπόθεσις ἐξετάζεται ὑπὸ τῶν ἁρμοδίων ὑπηρεσιῶν καὶ ὅτι θὰ ληφθοῦν τὰ ἀπαραίτητα μέτρα διὰ τὴν ταχεῖαν διευθέτησιν τοῦ ζητήματος. Κατὰ τὰς πληροφορίας, αἱ ἐπαφαὶ θὰ συνεχισθοῦν καὶ κατὰ τὰς προσεχεῖς ἡμέρας, ἐνῷ ἀναμένεται ἡ ἔκδοσις σχετικῆς ἀποφάσεως. Ὁ ἁρμόδιος ὑπουργὸς ἐδήλωσεν ὅτι ἡ κυβέρνησις παρακολουθεῖ μετὰ προσοχῆς τὰς ἐξελίξεις καὶ ὅτι θὰ καταβληθῇ κάθε προσπάθεια διὰ τὴν ἐξυπηρέτησιν τοῦ κοινοῦ. Ἐξ ἄλλου, ἀνεκοινώθη ὅτι αἱ ἐργασίαι θὰ ὁλοκληρωθοῦν ἐντὸς τοῦ προσεχοῦς μηνός.

Η ΥΠΕΡΠΟΡΙΑ

Ἀθῆναι, ἡ ἀνακοίνωσις ἀναφέρει ὅτι ἡ ὑπόθεσις ἐξετάζεται ὑπὸ τῶν ἁρμοδίων ὑπηρεσιῶν καὶ ὅτι θὰ ληφθοῦν τὰ ἀπαραίτητα μέτρα διὰ τὴν ταχεῖαν διευθέτησιν τοῦ ζητήματος. Κατὰ τὰς πληροφορίας, αἱ ἐπαφαὶ θὰ συνεχισθοῦν καὶ κατὰ τὰς προσεχεῖς ἡμέρας, ἐνῷ ἀναμένεται ἡ ἔκδοσις σχετικῆς ἀποφάσεως. Ὁ ἁρμόδιος ὑπουργὸς ἐδήλωσεν ὅτι ἡ κυβέρνησις παρακολουθεῖ μετὰ προσοχῆς τὰς ἐξελίξεις καὶ ὅτι θὰ καταβληθῇ κάθε προσπάθεια διὰ τὴν ἐξυπηρέτησιν τοῦ κοινοῦ. Ἐξ ἄλλου, ἀνεκοινώθη ὅτι αἱ ἐργασίαι θὰ ὁλοκληρωθοῦν ἐντὸς τοῦ προσεχοῦς μηνός.

Η ΧΡΗΣΟΠΟΙΗΣΙΣ ΝΑΠΑΛΜ

Ἀθῆναι, ἡ ἀνακοίνωσις ἀναφέρει ὅτι ἡ ὑπόθεσις ἐξετάζεται ὑπὸ τῶν ἁρμοδίων ὑπηρεσιῶν καὶ ὅτι θὰ ληφθοῦν τὰ ἀπαραίτητα μέτρα διὰ τὴν ταχεῖαν διευθέτησιν τοῦ ζητήματος. Κατὰ τὰς πληροφορίας, αἱ ἐπαφαὶ θὰ συνεχισθοῦν καὶ κατὰ τὰς προσεχεῖς ἡμέρας, ἐνῷ ἀναμένεται ἡ ἔκδοσις σχετικῆς ἀποφάσεως. Ὁ ἁρμόδιος ὑπουργὸς ἐδήλωσεν ὅτι ἡ κυβέρνησις παρακολουθεῖ μετὰ προσοχῆς τὰς ἐξελίξεις καὶ ὅτι θὰ καταβληθῇ κάθε προσπάθεια διὰ τὴν ἐξυπηρέτησιν τοῦ κοινοῦ. Ἐξ ἄλλου, ἀνεκοινώθη ὅτι αἱ ἐργασίαι θὰ ὁλοκληρωθοῦν ἐντὸς τοῦ προσεχοῦς μηνός.

ΣΤΟΚΟΣ ΟΙ ΥΔΑΤΟΦΡΑΚΤΑΙ

Ἀθῆναι, ἡ ἀνακοίνωσις ἀναφέρει ὅτι ἡ ὑπόθεσις ἐξετάζεται ὑπὸ τῶν ἁρμοδίων ὑπηρεσιῶν καὶ ὅτι θὰ ληφθοῦν τὰ ἀπαραίτητα μέτρα διὰ τὴν ταχεῖαν διευθέτησιν τοῦ ζητήματος. Κατὰ τὰς πληροφορίας, αἱ ἐπαφαὶ θὰ συνεχισθοῦν καὶ κατὰ τὰς προσεχεῖς ἡμέρας, ἐνῷ ἀναμένεται ἡ ἔκδοσις σχετικῆς ἀποφάσεως. Ὁ ἁρμόδιος ὑπουργὸς ἐδήλωσεν ὅτι ἡ κυβέρνησις παρακολουθεῖ μετὰ προσοχῆς τὰς ἐξελίξεις καὶ ὅτι θὰ καταβληθῇ κάθε προσπάθεια διὰ τὴν ἐξυπηρέτησιν τοῦ κοινοῦ. Ἐξ ἄλλου, ἀνεκοινώθη ὅτι αἱ ἐργασίαι θὰ ὁλοκληρωθοῦν ἐντὸς τοῦ προσεχοῦς μηνός.

Ἡ συμφωνία τῆς Οὐάσιγκτων
διὰ τὸ νομισματικὸν
πρέπει νὰ παραμείνῃ ἐν ἰσχύϊ
ΑΠΟΚΛΕΙΕΙ ΡΗΤΩΣ Ο ΣΜΙΤ ΑΝΑΤΙΜΗΣΙΝ ΤΟΥ ΜΑΡΚΟΥ

ΝΕΑ ΥΟΡΚΗ, 14. (Ἡνωμ. Τύπος). — «Ἡ νομισματικὴ συμφωνία τῆς Οὐάσιγκτων πρέπει νὰ παραμείνῃ ἐν ἰσχύϊ...

Ἀθῆναι, ἡ ἀνακοίνωσις ἀναφέρει ὅτι ἡ ὑπόθεσις ἐξετάζεται ὑπὸ τῶν ἁρμοδίων ὑπηρεσιῶν καὶ ὅτι θὰ ληφθοῦν τὰ ἀπαραίτητα μέτρα διὰ τὴν ταχεῖαν διευθέτησιν τοῦ ζητήματος. Κατὰ τὰς πληροφορίας, αἱ ἐπαφαὶ θὰ συνεχισθοῦν καὶ κατὰ τὰς προσεχεῖς ἡμέρας, ἐνῷ ἀναμένεται ἡ ἔκδοσις σχετικῆς ἀποφάσεως. Ὁ ἁρμόδιος ὑπουργὸς ἐδήλωσεν ὅτι ἡ κυβέρνησις παρακολουθεῖ μετὰ προσοχῆς τὰς ἐξελίξεις καὶ ὅτι θὰ καταβληθῇ κάθε προσπάθεια διὰ τὴν ἐξυπηρέτησιν τοῦ κοινοῦ. Ἐξ ἄλλου, ἀνεκοινώθη ὅτι αἱ ἐργασίαι θὰ ὁλοκληρωθοῦν ἐντὸς τοῦ προσεχοῦς μηνός.

Ο ΠΑΝΘΕΩΡΙΣΜΟΣ

Ἀθῆναι, ἡ ἀνακοίνωσις ἀναφέρει ὅτι ἡ ὑπόθεσις ἐξετάζεται ὑπὸ τῶν ἁρμοδίων ὑπηρεσιῶν καὶ ὅτι θὰ ληφθοῦν τὰ ἀπαραίτητα μέτρα διὰ τὴν ταχεῖαν διευθέτησιν τοῦ ζητήματος. Κατὰ τὰς πληροφορίας, αἱ ἐπαφαὶ θὰ συνεχισθοῦν καὶ κατὰ τὰς προσεχεῖς ἡμέρας, ἐνῷ ἀναμένεται ἡ ἔκδοσις σχετικῆς ἀποφάσεως. Ὁ ἁρμόδιος ὑπουργὸς ἐδήλωσεν ὅτι ἡ κυβέρνησις παρακολουθεῖ μετὰ προσοχῆς τὰς ἐξελίξεις καὶ ὅτι θὰ καταβληθῇ κάθε προσπάθεια διὰ τὴν ἐξυπηρέτησιν τοῦ κοινοῦ. Ἐξ ἄλλου, ἀνεκοινώθη ὅτι αἱ ἐργασίαι θὰ ὁλοκληρωθοῦν ἐντὸς τοῦ προσεχοῦς μηνός.

Ἀθῆναι, ἡ ἀνακοίνωσις ἀναφέρει ὅτι ἡ ὑπόθεσις ἐξετάζεται ὑπὸ τῶν ἁρμοδίων ὑπηρεσιῶν καὶ ὅτι θὰ ληφθοῦν τὰ ἀπαραίτητα μέτρα διὰ τὴν ταχεῖαν διευθέτησιν τοῦ ζητήματος. Κατὰ τὰς πληροφορίας, αἱ ἐπαφαὶ θὰ συνεχισθοῦν καὶ κατὰ τὰς προσεχεῖς ἡμέρας, ἐνῷ ἀναμένεται ἡ ἔκδοσις σχετικῆς ἀποφάσεως. Ὁ ἁρμόδιος ὑπουργὸς ἐδήλωσεν ὅτι ἡ κυβέρνησις παρακολουθεῖ μετὰ προσοχῆς τὰς ἐξελίξεις καὶ ὅτι θὰ καταβληθῇ κάθε προσπάθεια διὰ τὴν ἐξυπηρέτησιν τοῦ κοινοῦ. Ἐξ ἄλλου, ἀνεκοινώθη ὅτι αἱ ἐργασίαι θὰ ὁλοκληρωθοῦν ἐντὸς τοῦ προσεχοῦς μηνός.

ΑΠΟΧΩΡΕΙ Ο ΜΑΚΜΑΧΟΝ

Ἀθῆναι, ἡ ἀνακοίνωσις ἀναφέρει ὅτι ἡ ὑπόθεσις ἐξετάζεται ὑπὸ τῶν ἁρμοδίων ὑπηρεσιῶν καὶ ὅτι θὰ ληφθοῦν τὰ ἀπαραίτητα μέτρα διὰ τὴν ταχεῖαν διευθέτησιν τοῦ ζητήματος. Κατὰ τὰς πληροφορίας, αἱ ἐπαφαὶ θὰ συνεχισθοῦν καὶ κατὰ τὰς προσεχεῖς ἡμέρας, ἐνῷ ἀναμένεται ἡ ἔκδοσις σχετικῆς ἀποφάσεως. Ὁ ἁρμόδιος ὑπουργὸς ἐδήλωσεν ὅτι ἡ κυβέρνησις παρακολουθεῖ μετὰ προσοχῆς τὰς ἐξελίξεις καὶ ὅτι θὰ καταβληθῇ κάθε προσπάθεια διὰ τὴν ἐξυπηρέτησιν τοῦ κοινοῦ. Ἐξ ἄλλου, ἀνεκοινώθη ὅτι αἱ ἐργασίαι θὰ ὁλοκληρωθοῦν ἐντὸς τοῦ προσεχοῦς μηνός.

ΤΑΡΑΧΑΙ ΕΙΣ ΓΙΟΚΟΧΑΜΑ

Ἀθῆναι, ἡ ἀνακοίνωσις ἀναφέρει ὅτι ἡ ὑπόθεσις ἐξετάζεται ὑπὸ τῶν ἁρμοδίων ὑπηρεσιῶν καὶ ὅτι θὰ ληφθοῦν τὰ ἀπαραίτητα μέτρα διὰ τὴν ταχεῖαν διευθέτησιν τοῦ ζητήματος. Κατὰ τὰς πληροφορίας, αἱ ἐπαφαὶ θὰ συνεχισθοῦν καὶ κατὰ τὰς προσεχεῖς ἡμέρας, ἐνῷ ἀναμένεται ἡ ἔκδοσις σχετικῆς ἀποφάσεως. Ὁ ἁρμόδιος ὑπουργὸς ἐδήλωσεν ὅτι ἡ κυβέρνησις παρακολουθεῖ μετὰ προσοχῆς τὰς ἐξελίξεις καὶ ὅτι θὰ καταβληθῇ κάθε προσπάθεια διὰ τὴν ἐξυπηρέτησιν τοῦ κοινοῦ. Ἐξ ἄλλου, ἀνεκοινώθη ὅτι αἱ ἐργασίαι θὰ ὁλοκληρωθοῦν ἐντὸς τοῦ προσεχοῦς μηνός.

Ο ΧΗΘ ΘΑ ΜΕΤΑΒΗ ΕΙΣ ΤΟΚΙΟ ΔΙΑ ΣΥΝΟΜΙΛΙΑΣ
ΘΑ ΣΥΝΑΝΤΗΘΗ = ΚΑΙ ΜΕ ΤΟΝ ΜΙΚΑΔΟ

ΛΟΝΔΙΝΟΝ, 14. (Ἀσ. Πρές). — Ὁ πρωθυπουργὸς τῆς Βρεταννίας κ. Ἔντουαρντ Χὴθ θὰ ἐπισκεφθῇ τὴν Ἰαπωνίαν...

Ἀθῆναι, ἡ ἀνακοίνωσις ἀναφέρει ὅτι ἡ ὑπόθεσις ἐξετάζεται ὑπὸ τῶν ἁρμοδίων ὑπηρεσιῶν καὶ ὅτι θὰ ληφθοῦν τὰ ἀπαραίτητα μέτρα διὰ τὴν ταχεῖαν διευθέτησιν τοῦ ζητήματος. Κατὰ τὰς πληροφορίας, αἱ ἐπαφαὶ θὰ συνεχισθοῦν καὶ κατὰ τὰς προσεχεῖς ἡμέρας, ἐνῷ ἀναμένεται ἡ ἔκδοσις σχετικῆς ἀποφάσεως. Ὁ ἁρμόδιος ὑπουργὸς ἐδήλωσεν ὅτι ἡ κυβέρνησις παρακολουθεῖ μετὰ προσοχῆς τὰς ἐξελίξεις καὶ ὅτι θὰ καταβληθῇ κάθε προσπάθεια διὰ τὴν ἐξυπηρέτησιν τοῦ κοινοῦ. Ἐξ ἄλλου, ἀνεκοινώθη ὅτι αἱ ἐργασίαι θὰ ὁλοκληρωθοῦν ἐντὸς τοῦ προσεχοῦς μηνός.

Η ΔΙΑΔΙΚΑΣΙΑ ΔΙΑ ΤΗΝ ΚΑΤΑΒΟΛΗΝ ΦΟΡΩΝ ΕΙΣΟΔΗΜΑΤΟΣ ΚΑΙ ΚΥΚΛΟΥ ΕΡΓΑΣΙΩΝ

Ἀθῆναι, ἡ ἀνακοίνωσις ἀναφέρει ὅτι ἡ ὑπόθεσις ἐξετάζεται ὑπὸ τῶν ἁρμοδίων ὑπηρεσιῶν καὶ ὅτι θὰ ληφθοῦν τὰ ἀπαραίτητα μέτρα διὰ τὴν ταχεῖαν διευθέτησιν τοῦ ζητήματος. Κατὰ τὰς πληροφορίας, αἱ ἐπαφαὶ θὰ συνεχισθοῦν καὶ κατὰ τὰς προσεχεῖς ἡμέρας, ἐνῷ ἀναμένεται ἡ ἔκδοσις σχετικῆς ἀποφάσεως. Ὁ ἁρμόδιος ὑπουργὸς ἐδήλωσεν ὅτι ἡ κυβέρνησις παρακολουθεῖ μετὰ προσοχῆς τὰς ἐξελίξεις καὶ ὅτι θὰ καταβληθῇ κάθε προσπάθεια διὰ τὴν ἐξυπηρέτησιν τοῦ κοινοῦ. Ἐξ ἄλλου, ἀνεκοινώθη ὅτι αἱ ἐργασίαι θὰ ὁλοκληρωθοῦν ἐντὸς τοῦ προσεχοῦς μηνός.

ΜΗΝΥΜΑ ΜΠΡΕΖΝΙΕΦ ΠΡΟΣ ΣΥΝΕΔΡΙΟΝ ΓΥΝΑΙΚΩΝ

Ἀθῆναι, ἡ ἀνακοίνωσις ἀναφέρει ὅτι ἡ ὑπόθεσις ἐξετάζεται ὑπὸ τῶν ἁρμοδίων ὑπηρεσιῶν καὶ ὅτι θὰ ληφθοῦν τὰ ἀπαραίτητα μέτρα διὰ τὴν ταχεῖαν διευθέτησιν τοῦ ζητήματος. Κατὰ τὰς πληροφορίας, αἱ ἐπαφαὶ θὰ συνεχισθοῦν καὶ κατὰ τὰς προσεχεῖς ἡμέρας, ἐνῷ ἀναμένεται ἡ ἔκδοσις σχετικῆς ἀποφάσεως. Ὁ ἁρμόδιος ὑπουργὸς ἐδήλωσεν ὅτι ἡ κυβέρνησις παρακολουθεῖ μετὰ προσοχῆς τὰς ἐξελίξεις καὶ ὅτι θὰ καταβληθῇ κάθε προσπάθεια διὰ τὴν ἐξυπηρέτησιν τοῦ κοινοῦ. Ἐξ ἄλλου, ἀνεκοινώθη ὅτι αἱ ἐργασίαι θὰ ὁλοκληρωθοῦν ἐντὸς τοῦ προσεχοῦς μηνός.

Η ΜΟΣΧΑ ΔΙΚΑΙΟΛΟΓΕΙ ΤΑΣ ΔΙΚΑΣ ΕΙΣ ΤΗΝ ΠΡΑΓΑΝ

Ἀθῆναι, ἡ ἀνακοίνωσις ἀναφέρει ὅτι ἡ ὑπόθεσις ἐξετάζεται ὑπὸ τῶν ἁρμοδίων ὑπηρεσιῶν καὶ ὅτι θὰ ληφθοῦν τὰ ἀπαραίτητα μέτρα διὰ τὴν ταχεῖαν διευθέτησιν τοῦ ζητήματος. Κατὰ τὰς πληροφορίας, αἱ ἐπαφαὶ θὰ συνεχισθοῦν καὶ κατὰ τὰς προσεχεῖς ἡμέρας, ἐνῷ ἀναμένεται ἡ ἔκδοσις σχετικῆς ἀποφάσεως. Ὁ ἁρμόδιος ὑπουργὸς ἐδήλωσεν ὅτι ἡ κυβέρνησις παρακολουθεῖ μετὰ προσοχῆς τὰς ἐξελίξεις καὶ ὅτι θὰ καταβληθῇ κάθε προσπάθεια διὰ τὴν ἐξυπηρέτησιν τοῦ κοινοῦ. Ἐξ ἄλλου, ἀνεκοινώθη ὅτι αἱ ἐργασίαι θὰ ὁλοκληρωθοῦν ἐντὸς τοῦ προσεχοῦς μηνός.

ΟΙ ΚΟΥΡΔΟΙ ΑΠΕΙΛΟΥΝ ΜΕ ΠΟΛΕΜΟΝ ΤΟ ΙΡΑΚΙΝΟΥΣ

Ἀθῆναι, ἡ ἀνακοίνωσις ἀναφέρει ὅτι ἡ ὑπόθεσις ἐξετάζεται ὑπὸ τῶν ἁρμοδίων ὑπηρεσιῶν καὶ ὅτι θὰ ληφθοῦν τὰ ἀπαραίτητα μέτρα διὰ τὴν ταχεῖαν διευθέτησιν τοῦ ζητήματος. Κατὰ τὰς πληροφορίας, αἱ ἐπαφαὶ θὰ συνεχισθοῦν καὶ κατὰ τὰς προσεχεῖς ἡμέρας, ἐνῷ ἀναμένεται ἡ ἔκδοσις σχετικῆς ἀποφάσεως. Ὁ ἁρμόδιος ὑπουργὸς ἐδήλωσεν ὅτι ἡ κυβέρνησις παρακολουθεῖ μετὰ προσοχῆς τὰς ἐξελίξεις καὶ ὅτι θὰ καταβληθῇ κάθε προσπάθεια διὰ τὴν ἐξυπηρέτησιν τοῦ κοινοῦ. Ἐξ ἄλλου, ἀνεκοινώθη ὅτι αἱ ἐργασίαι θὰ ὁλοκληρωθοῦν ἐντὸς τοῦ προσεχοῦς μηνός.

Η ΣΥΒΙ ΒΑΡΤΑΝ ΕΠΕΣΤΡΕΨΕΝ ΕΙΣ ΠΑΡΙΣΙΟΥΣ

Ἀθῆναι, ἡ ἀνακοίνωσις ἀναφέρει ὅτι ἡ ὑπόθεσις ἐξετάζεται ὑπὸ τῶν ἁρμοδίων ὑπηρεσιῶν καὶ ὅτι θὰ ληφθοῦν τὰ ἀπαραίτητα μέτρα διὰ τὴν ταχεῖαν διευθέτησιν τοῦ ζητήματος. Κατὰ τὰς πληροφορίας, αἱ ἐπαφαὶ θὰ συνεχισθοῦν καὶ κατὰ τὰς προσεχεῖς ἡμέρας, ἐνῷ ἀναμένεται ἡ ἔκδοσις σχετικῆς ἀποφάσεως. Ὁ ἁρμόδιος ὑπουργὸς ἐδήλωσεν ὅτι ἡ κυβέρνησις παρακολουθεῖ μετὰ προσοχῆς τὰς ἐξελίξεις καὶ ὅτι θὰ καταβληθῇ κάθε προσπάθεια διὰ τὴν ἐξυπηρέτησιν τοῦ κοινοῦ. Ἐξ ἄλλου, ἀνεκοινώθη ὅτι αἱ ἐργασίαι θὰ ὁλοκληρωθοῦν ἐντὸς τοῦ προσεχοῦς μηνός.

ΗΛΕΚΤΡΟΝΙΚΟΣ ΥΠΟΛΟΓΙΣΤΗΣ ΕΙΣ ΥΠΟΥΡΓΕΙΟΝ

Ἀθῆναι, ἡ ἀνακοίνωσις ἀναφέρει ὅτι ἡ ὑπόθεσις ἐξετάζεται ὑπὸ τῶν ἁρμοδίων ὑπηρεσιῶν καὶ ὅτι θὰ ληφθοῦν τὰ ἀπαραίτητα μέτρα διὰ τὴν ταχεῖαν διευθέτησιν τοῦ ζητήματος. Κατὰ τὰς πληροφορίας, αἱ ἐπαφαὶ θὰ συνεχισθοῦν καὶ κατὰ τὰς προσεχεῖς ἡμέρας, ἐνῷ ἀναμένεται ἡ ἔκδοσις σχετικῆς ἀποφάσεως. Ὁ ἁρμόδιος ὑπουργὸς ἐδήλωσεν ὅτι ἡ κυβέρνησις παρακολουθεῖ μετὰ προσοχῆς τὰς ἐξελίξεις καὶ ὅτι θὰ καταβληθῇ κάθε προσπάθεια διὰ τὴν ἐξυπηρέτησιν τοῦ κοινοῦ. Ἐξ ἄλλου, ἀνεκοινώθη ὅτι αἱ ἐργασίαι θὰ ὁλοκληρωθοῦν ἐντὸς τοῦ προσεχοῦς μηνός.

ΝΕΑΙ ΤΙΜΑΙ ΔΙΑ ΤΑ ΓΕΩΜΗΛΑ ΛΑΣΙΘΙΟΥ

Ἀθῆναι, ἡ ἀνακοίνωσις ἀναφέρει ὅτι ἡ ὑπόθεσις ἐξετάζεται ὑπὸ τῶν ἁρμοδίων ὑπηρεσιῶν καὶ ὅτι θὰ ληφθοῦν τὰ ἀπαραίτητα μέτρα διὰ τὴν ταχεῖαν διευθέτησιν τοῦ ζητήματος. Κατὰ τὰς πληροφορίας, αἱ ἐπαφαὶ θὰ συνεχισθοῦν καὶ κατὰ τὰς προσεχεῖς ἡμέρας, ἐνῷ ἀναμένεται ἡ ἔκδοσις σχετικῆς ἀποφάσεως. Ὁ ἁρμόδιος ὑπουργὸς ἐδήλωσεν ὅτι ἡ κυβέρνησις παρακολουθεῖ μετὰ προσοχῆς τὰς ἐξελίξεις καὶ ὅτι θὰ καταβληθῇ κάθε προσπάθεια διὰ τὴν ἐξυπηρέτησιν τοῦ κοινοῦ. Ἐξ ἄλλου, ἀνεκοινώθη ὅτι αἱ ἐργασίαι θὰ ὁλοκληρωθοῦν ἐντὸς τοῦ προσεχοῦς μηνός.

ΔΙΑ ΤΗΝ ΑΝΑΠΤΥΞΙΝ ΤΗΣ ΓΕΩΡΓΙΑΣ ΕΙΣ ΑΝ. ΜΑΚΕΔΟΝΙΑΝ

Ἀθῆναι, ἡ ἀνακοίνωσις ἀναφέρει ὅτι ἡ ὑπόθεσις ἐξετάζεται ὑπὸ τῶν ἁρμοδίων ὑπηρεσιῶν καὶ ὅτι θὰ ληφθοῦν τὰ ἀπαραίτητα μέτρα διὰ τὴν ταχεῖαν διευθέτησιν τοῦ ζητήματος. Κατὰ τὰς πληροφορίας, αἱ ἐπαφαὶ θὰ συνεχισθοῦν καὶ κατὰ τὰς προσεχεῖς ἡμέρας, ἐνῷ ἀναμένεται ἡ ἔκδοσις σχετικῆς ἀποφάσεως. Ὁ ἁρμόδιος ὑπουργὸς ἐδήλωσεν ὅτι ἡ κυβέρνησις παρακολουθεῖ μετὰ προσοχῆς τὰς ἐξελίξεις καὶ ὅτι θὰ καταβληθῇ κάθε προσπάθεια διὰ τὴν ἐξυπηρέτησιν τοῦ κοινοῦ. Ἐξ ἄλλου, ἀνεκοινώθη ὅτι αἱ ἐργασίαι θὰ ὁλοκληρωθοῦν ἐντὸς τοῦ προσεχοῦς μηνός.
